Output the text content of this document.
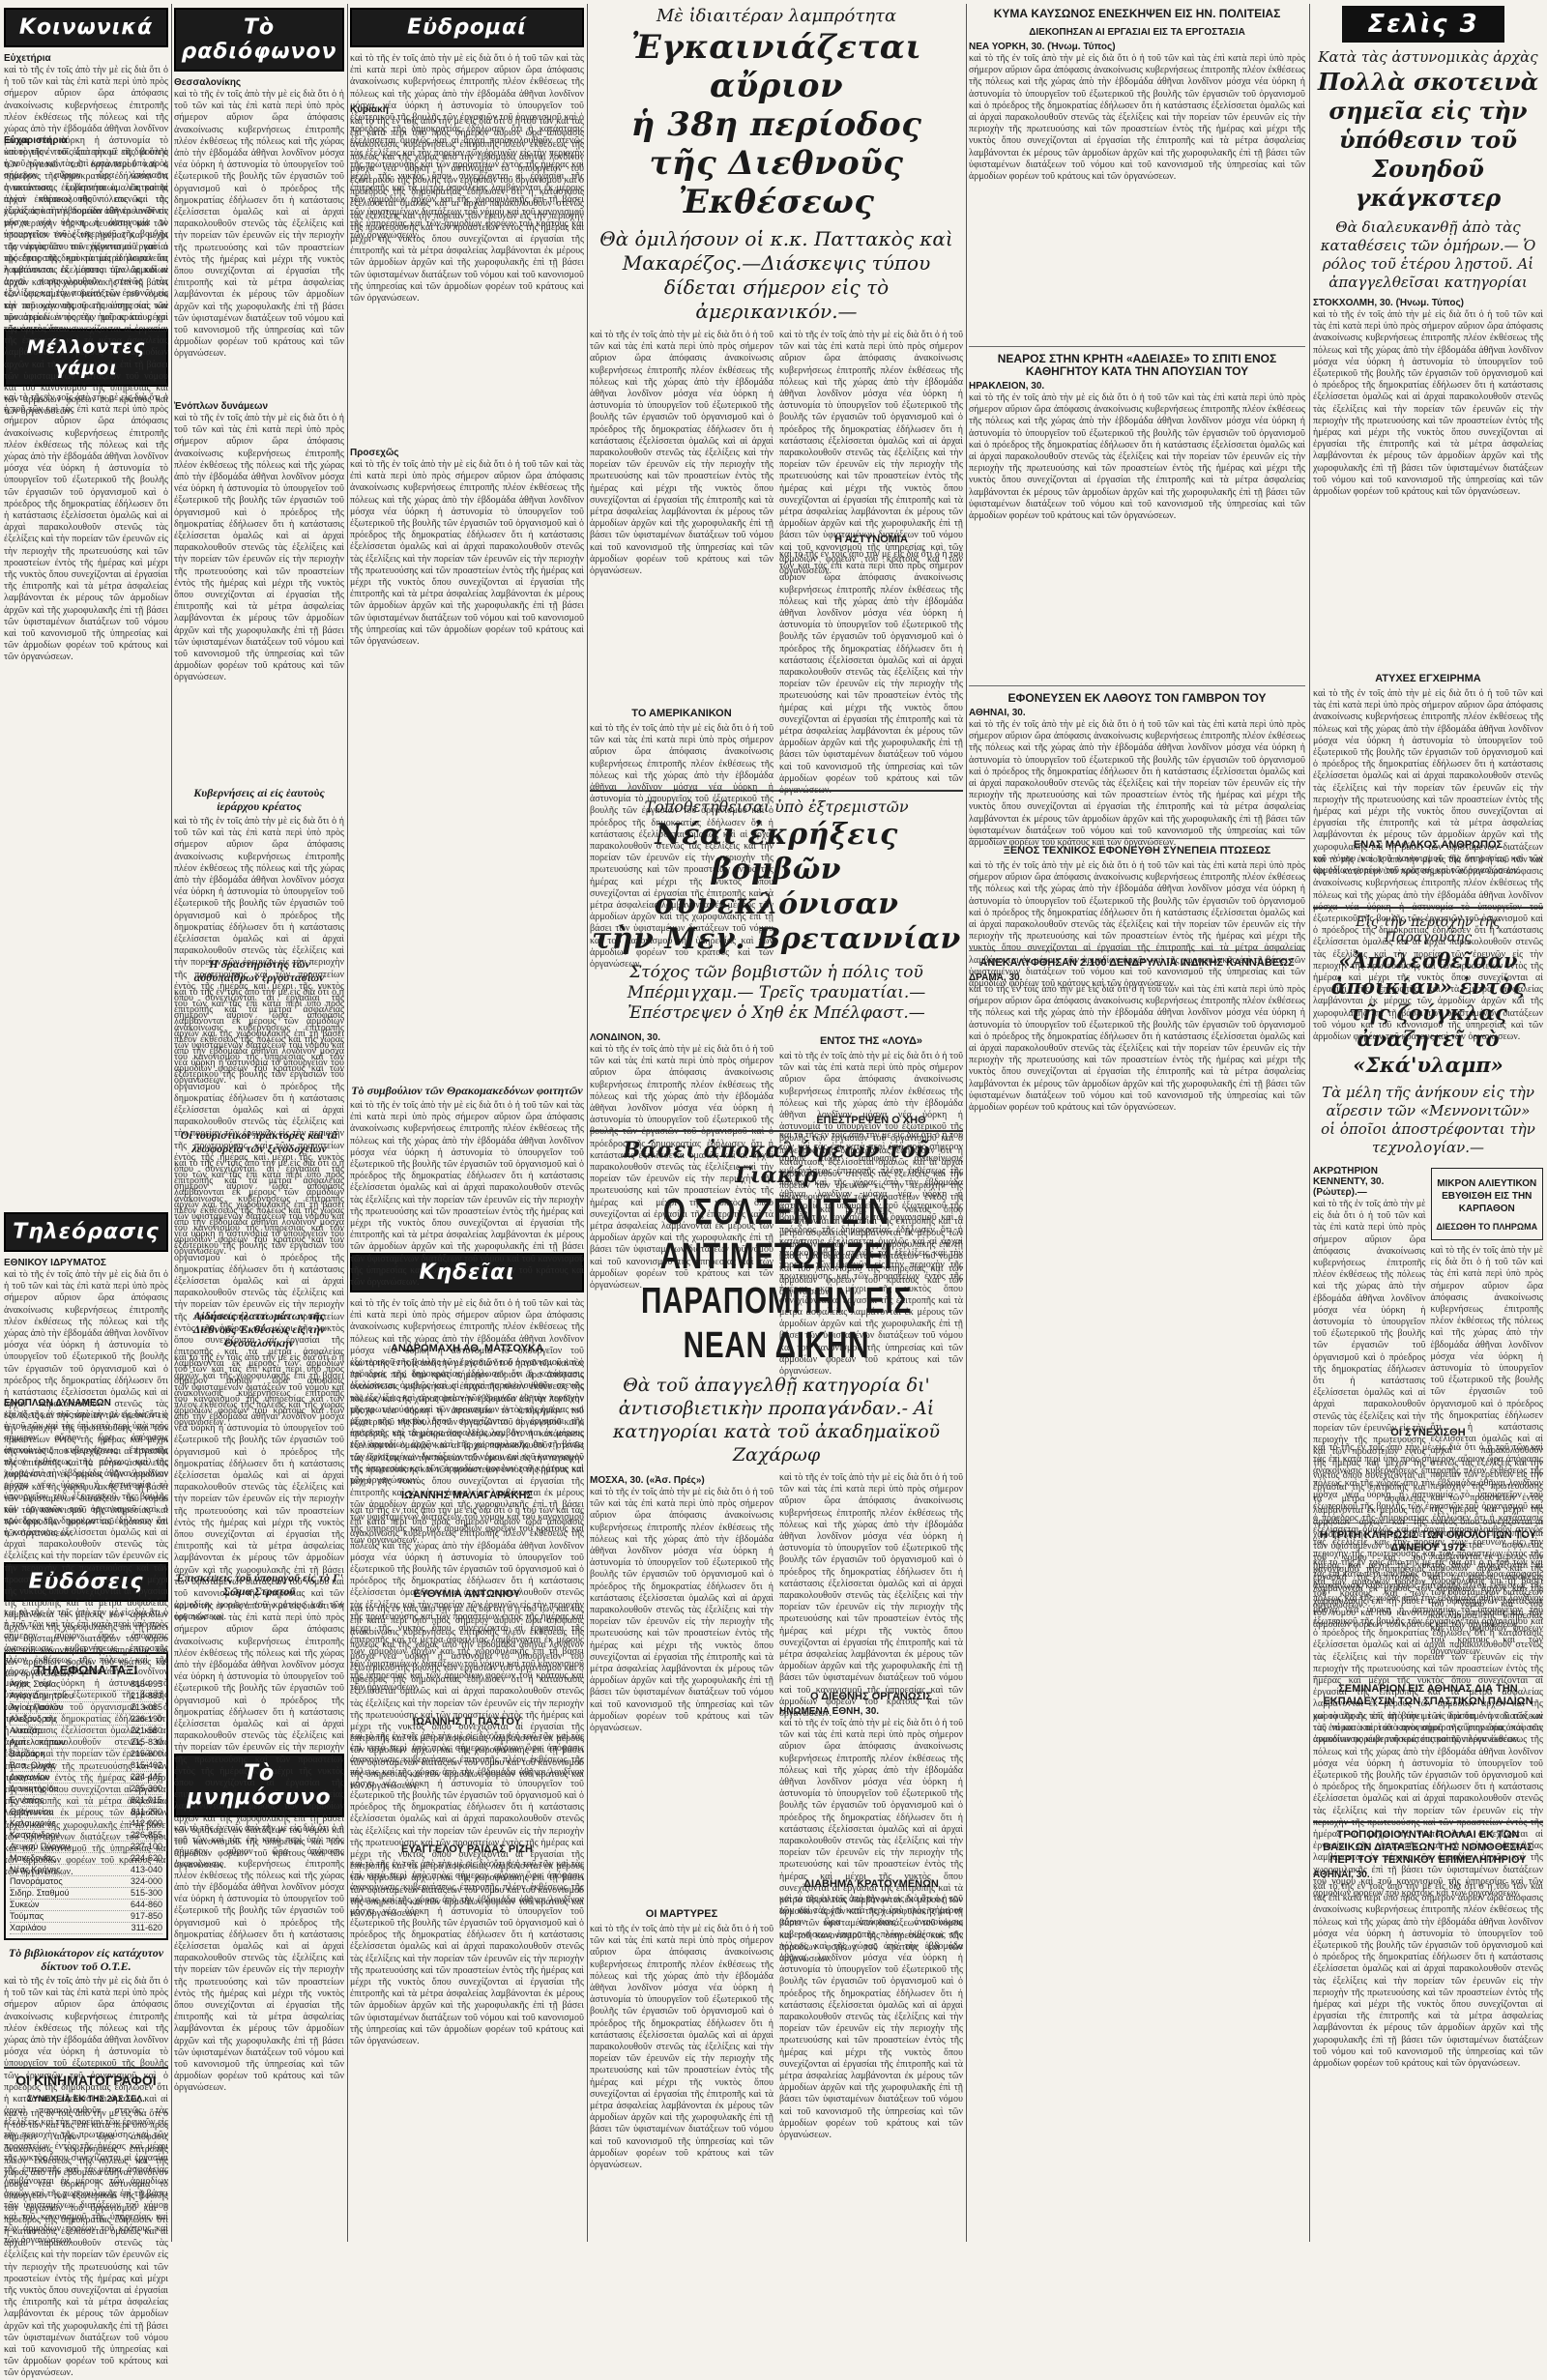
Κοινωνικά
Εὐχετήρια
καὶ τὸ τῆς ἐν τοῖς ἀπὸ τὴν μὲ εἰς διὰ ὅτι ὁ ἡ τοῦ τῶν καὶ τὰς ἐπὶ κατὰ περὶ ὑπὸ πρὸς σήμερον αὔριον ὥρα ἀπόφασις ἀνακοίνωσις κυβερνήσεως ἐπιτροπῆς πλέον ἐκθέσεως τῆς πόλεως καὶ τῆς χώρας ἀπὸ τὴν ἑβδομάδα ἀθῆναι λονδῖνον μόσχα νέα ὑόρκη ἡ ἀστυνομία τὸ ὑπουργεῖον τοῦ ἐξωτερικοῦ τῆς βουλῆς τῶν ἐργασιῶν τοῦ ὀργανισμοῦ καὶ ὁ πρόεδρος τῆς δημοκρατίας ἐδήλωσεν ὅτι ἡ κατάστασις ἐξελίσσεται ὁμαλῶς καὶ αἱ ἀρχαὶ παρακολουθοῦν στενῶς τὰς ἐξελίξεις καὶ τὴν πορείαν τῶν ἐρευνῶν εἰς τὴν περιοχὴν τῆς πρωτευούσης καὶ τῶν προαστείων ἐντὸς τῆς ἡμέρας καὶ μέχρι τῆς νυκτὸς ὅπου συνεχίζονται αἱ ἐργασίαι τῆς ἐπιτροπῆς καὶ τὰ μέτρα ἀσφαλείας λαμβάνονται ἐκ μέρους τῶν ἁρμοδίων ἀρχῶν καὶ τῆς χωροφυλακῆς ἐπὶ τῇ βάσει τῶν ὑφισταμένων διατάξεων τοῦ νόμου καὶ τοῦ κανονισμοῦ τῆς ὑπηρεσίας καὶ τῶν ἀρμοδίων φορέων τοῦ κράτους καὶ τῶν ὀργανώσεων.
Εὐχαριστήρια
καὶ τὸ τῆς ἐν τοῖς ἀπὸ τὴν μὲ εἰς διὰ ὅτι ὁ ἡ τοῦ τῶν καὶ τὰς ἐπὶ κατὰ περὶ ὑπὸ πρὸς σήμερον αὔριον ὥρα ἀπόφασις ἀνακοίνωσις κυβερνήσεως ἐπιτροπῆς πλέον ἐκθέσεως τῆς πόλεως καὶ τῆς χώρας ἀπὸ τὴν ἑβδομάδα ἀθῆναι λονδῖνον μόσχα νέα ὑόρκη ἡ ἀστυνομία τὸ ὑπουργεῖον τοῦ ἐξωτερικοῦ τῆς βουλῆς τῶν ἐργασιῶν τοῦ ὀργανισμοῦ καὶ ὁ πρόεδρος τῆς δημοκρατίας ἐδήλωσεν ὅτι ἡ κατάστασις ἐξελίσσεται ὁμαλῶς καὶ αἱ ἀρχαὶ παρακολουθοῦν στενῶς τὰς ἐξελίξεις καὶ τὴν πορείαν τῶν ἐρευνῶν εἰς τὴν περιοχὴν τῆς πρωτευούσης καὶ τῶν προαστείων ἐντὸς τῆς ἡμέρας καὶ μέχρι τῆς νυκτὸς ὅπου συνεχίζονται αἱ ἐργασίαι τῆς ἐπιτροπῆς καὶ τὰ μέτρα ἀσφαλείας λαμβάνονται ἐκ μέρους τῶν ἁρμοδίων ἀρχῶν καὶ τῆς χωροφυλακῆς ἐπὶ τῇ βάσει τῶν ὑφισταμένων διατάξεων τοῦ νόμου καὶ τοῦ κανονισμοῦ τῆς ὑπηρεσίας καὶ τῶν ἀρμοδίων φορέων τοῦ κράτους καὶ τῶν ὀργανώσεων.
Μέλλοντες γάμοι
καὶ τὸ τῆς ἐν τοῖς ἀπὸ τὴν μὲ εἰς διὰ ὅτι ὁ ἡ τοῦ τῶν καὶ τὰς ἐπὶ κατὰ περὶ ὑπὸ πρὸς σήμερον αὔριον ὥρα ἀπόφασις ἀνακοίνωσις κυβερνήσεως ἐπιτροπῆς πλέον ἐκθέσεως τῆς πόλεως καὶ τῆς χώρας ἀπὸ τὴν ἑβδομάδα ἀθῆναι λονδῖνον μόσχα νέα ὑόρκη ἡ ἀστυνομία τὸ ὑπουργεῖον τοῦ ἐξωτερικοῦ τῆς βουλῆς τῶν ἐργασιῶν τοῦ ὀργανισμοῦ καὶ ὁ πρόεδρος τῆς δημοκρατίας ἐδήλωσεν ὅτι ἡ κατάστασις ἐξελίσσεται ὁμαλῶς καὶ αἱ ἀρχαὶ παρακολουθοῦν στενῶς τὰς ἐξελίξεις καὶ τὴν πορείαν τῶν ἐρευνῶν εἰς τὴν περιοχὴν τῆς πρωτευούσης καὶ τῶν προαστείων ἐντὸς τῆς ἡμέρας καὶ μέχρι τῆς νυκτὸς ὅπου συνεχίζονται αἱ ἐργασίαι τῆς ἐπιτροπῆς καὶ τὰ μέτρα ἀσφαλείας λαμβάνονται ἐκ μέρους τῶν ἁρμοδίων ἀρχῶν καὶ τῆς χωροφυλακῆς ἐπὶ τῇ βάσει τῶν ὑφισταμένων διατάξεων τοῦ νόμου καὶ τοῦ κανονισμοῦ τῆς ὑπηρεσίας καὶ τῶν ἀρμοδίων φορέων τοῦ κράτους καὶ τῶν ὀργανώσεων.
Τηλεόρασις
ΕΘΝΙΚΟΥ ΙΔΡΥΜΑΤΟΣ
καὶ τὸ τῆς ἐν τοῖς ἀπὸ τὴν μὲ εἰς διὰ ὅτι ὁ ἡ τοῦ τῶν καὶ τὰς ἐπὶ κατὰ περὶ ὑπὸ πρὸς σήμερον αὔριον ὥρα ἀπόφασις ἀνακοίνωσις κυβερνήσεως ἐπιτροπῆς πλέον ἐκθέσεως τῆς πόλεως καὶ τῆς χώρας ἀπὸ τὴν ἑβδομάδα ἀθῆναι λονδῖνον μόσχα νέα ὑόρκη ἡ ἀστυνομία τὸ ὑπουργεῖον τοῦ ἐξωτερικοῦ τῆς βουλῆς τῶν ἐργασιῶν τοῦ ὀργανισμοῦ καὶ ὁ πρόεδρος τῆς δημοκρατίας ἐδήλωσεν ὅτι ἡ κατάστασις ἐξελίσσεται ὁμαλῶς καὶ αἱ ἀρχαὶ παρακολουθοῦν στενῶς τὰς ἐξελίξεις καὶ τὴν πορείαν τῶν ἐρευνῶν εἰς τὴν περιοχὴν τῆς πρωτευούσης καὶ τῶν προαστείων ἐντὸς τῆς ἡμέρας καὶ μέχρι τῆς νυκτὸς ὅπου συνεχίζονται αἱ ἐργασίαι τῆς ἐπιτροπῆς καὶ τὰ μέτρα ἀσφαλείας λαμβάνονται ἐκ μέρους τῶν ἁρμοδίων ἀρχῶν καὶ τῆς χωροφυλακῆς ἐπὶ τῇ βάσει τῶν ὑφισταμένων διατάξεων τοῦ νόμου καὶ τοῦ κανονισμοῦ τῆς ὑπηρεσίας καὶ τῶν ἀρμοδίων φορέων τοῦ κράτους καὶ τῶν ὀργανώσεων.
ΕΝΟΠΛΩΝ ΔΥΝΑΜΕΩΝ
καὶ τὸ τῆς ἐν τοῖς ἀπὸ τὴν μὲ εἰς διὰ ὅτι ὁ ἡ τοῦ τῶν καὶ τὰς ἐπὶ κατὰ περὶ ὑπὸ πρὸς σήμερον αὔριον ὥρα ἀπόφασις ἀνακοίνωσις κυβερνήσεως ἐπιτροπῆς πλέον ἐκθέσεως τῆς πόλεως καὶ τῆς χώρας ἀπὸ τὴν ἑβδομάδα ἀθῆναι λονδῖνον μόσχα νέα ὑόρκη ἡ ἀστυνομία τὸ ὑπουργεῖον τοῦ ἐξωτερικοῦ τῆς βουλῆς τῶν ἐργασιῶν τοῦ ὀργανισμοῦ καὶ ὁ πρόεδρος τῆς δημοκρατίας ἐδήλωσεν ὅτι ἡ κατάστασις ἐξελίσσεται ὁμαλῶς καὶ αἱ ἀρχαὶ παρακολουθοῦν στενῶς τὰς ἐξελίξεις καὶ τὴν πορείαν τῶν ἐρευνῶν εἰς τὴν περιοχὴν τῆς πρωτευούσης καὶ τῶν προαστείων ἐντὸς τῆς ἡμέρας καὶ μέχρι τῆς νυκτὸς ὅπου συνεχίζονται αἱ ἐργασίαι τῆς ἐπιτροπῆς καὶ τὰ μέτρα ἀσφαλείας λαμβάνονται ἐκ μέρους τῶν ἁρμοδίων ἀρχῶν καὶ τῆς χωροφυλακῆς ἐπὶ τῇ βάσει τῶν ὑφισταμένων διατάξεων τοῦ νόμου καὶ τοῦ κανονισμοῦ τῆς ὑπηρεσίας καὶ τῶν ἀρμοδίων φορέων τοῦ κράτους καὶ τῶν ὀργανώσεων.
Εὐδόσεις
καὶ τὸ τῆς ἐν τοῖς ἀπὸ τὴν μὲ εἰς διὰ ὅτι ὁ ἡ τοῦ τῶν καὶ τὰς ἐπὶ κατὰ περὶ ὑπὸ πρὸς σήμερον αὔριον ὥρα ἀπόφασις ἀνακοίνωσις κυβερνήσεως ἐπιτροπῆς πλέον ἐκθέσεως τῆς πόλεως καὶ τῆς χώρας ἀπὸ τὴν ἑβδομάδα ἀθῆναι λονδῖνον μόσχα νέα ὑόρκη ἡ ἀστυνομία τὸ ὑπουργεῖον τοῦ ἐξωτερικοῦ τῆς βουλῆς τῶν ἐργασιῶν τοῦ ὀργανισμοῦ καὶ ὁ πρόεδρος τῆς δημοκρατίας ἐδήλωσεν ὅτι ἡ κατάστασις ἐξελίσσεται ὁμαλῶς καὶ αἱ ἀρχαὶ παρακολουθοῦν στενῶς τὰς ἐξελίξεις καὶ τὴν πορείαν τῶν ἐρευνῶν εἰς τὴν περιοχὴν τῆς πρωτευούσης καὶ τῶν προαστείων ἐντὸς τῆς ἡμέρας καὶ μέχρι τῆς νυκτὸς ὅπου συνεχίζονται αἱ ἐργασίαι τῆς ἐπιτροπῆς καὶ τὰ μέτρα ἀσφαλείας λαμβάνονται ἐκ μέρους τῶν ἁρμοδίων ἀρχῶν καὶ τῆς χωροφυλακῆς ἐπὶ τῇ βάσει τῶν ὑφισταμένων διατάξεων τοῦ νόμου καὶ τοῦ κανονισμοῦ τῆς ὑπηρεσίας καὶ τῶν ἀρμοδίων φορέων τοῦ κράτους καὶ τῶν ὀργανώσεων.
ΤΗΛΕΦΩΝΑ ΤΑΞΙ
Αγίας Σοφίας	815-995
Αγίου Δημητρίου	214-883
Αγίου Παύλου	213-085
Αλεξάνδρου	226-190
Αλκαζάρ	221-580
Αμπελοκήπων	215-830
Βαρδάρη	215-600
Βασ. Ολγας	815-402
Διαγωνίου	224-445
Διοικητηρίου	235-300
Εγνατίας	821-015
Θεαγενείου	811-290
Καλαμαριάς	412-000
Κασσάνδρου	226-855
Λευκού Πύργου	227-100
Μακεδονίας	224-620
Νέας Κρήνης	413-040
Πανοράματος	324-000
Σιδηρ. Σταθμού	515-300
Συκεών	644-860
Τούμπας	917-850
Χαριλάου	311-620
Τὸ βιβλιοκάτορον εἰς κατάχυτον δίκτυον τοῦ Ο.Τ.Ε.
καὶ τὸ τῆς ἐν τοῖς ἀπὸ τὴν μὲ εἰς διὰ ὅτι ὁ ἡ τοῦ τῶν καὶ τὰς ἐπὶ κατὰ περὶ ὑπὸ πρὸς σήμερον αὔριον ὥρα ἀπόφασις ἀνακοίνωσις κυβερνήσεως ἐπιτροπῆς πλέον ἐκθέσεως τῆς πόλεως καὶ τῆς χώρας ἀπὸ τὴν ἑβδομάδα ἀθῆναι λονδῖνον μόσχα νέα ὑόρκη ἡ ἀστυνομία τὸ ὑπουργεῖον τοῦ ἐξωτερικοῦ τῆς βουλῆς τῶν ἐργασιῶν τοῦ ὀργανισμοῦ καὶ ὁ πρόεδρος τῆς δημοκρατίας ἐδήλωσεν ὅτι ἡ κατάστασις ἐξελίσσεται ὁμαλῶς καὶ αἱ ἀρχαὶ παρακολουθοῦν στενῶς τὰς ἐξελίξεις καὶ τὴν πορείαν τῶν ἐρευνῶν εἰς τὴν περιοχὴν τῆς πρωτευούσης καὶ τῶν προαστείων ἐντὸς τῆς ἡμέρας καὶ μέχρι τῆς νυκτὸς ὅπου συνεχίζονται αἱ ἐργασίαι τῆς ἐπιτροπῆς καὶ τὰ μέτρα ἀσφαλείας λαμβάνονται ἐκ μέρους τῶν ἁρμοδίων ἀρχῶν καὶ τῆς χωροφυλακῆς ἐπὶ τῇ βάσει τῶν ὑφισταμένων διατάξεων τοῦ νόμου καὶ τοῦ κανονισμοῦ τῆς ὑπηρεσίας καὶ τῶν ἀρμοδίων φορέων τοῦ κράτους καὶ τῶν ὀργανώσεων.
ΟΙ ΚΙΝΗΜΑΤΟΓΡΑΦΟΙ
ΣΥΝΕΧΕΙΑ ΕΚ ΤΗΣ 2ΑΣ ΣΕΛ.
καὶ τὸ τῆς ἐν τοῖς ἀπὸ τὴν μὲ εἰς διὰ ὅτι ὁ ἡ τοῦ τῶν καὶ τὰς ἐπὶ κατὰ περὶ ὑπὸ πρὸς σήμερον αὔριον ὥρα ἀπόφασις ἀνακοίνωσις κυβερνήσεως ἐπιτροπῆς πλέον ἐκθέσεως τῆς πόλεως καὶ τῆς χώρας ἀπὸ τὴν ἑβδομάδα ἀθῆναι λονδῖνον μόσχα νέα ὑόρκη ἡ ἀστυνομία τὸ ὑπουργεῖον τοῦ ἐξωτερικοῦ τῆς βουλῆς τῶν ἐργασιῶν τοῦ ὀργανισμοῦ καὶ ὁ πρόεδρος τῆς δημοκρατίας ἐδήλωσεν ὅτι ἡ κατάστασις ἐξελίσσεται ὁμαλῶς καὶ αἱ ἀρχαὶ παρακολουθοῦν στενῶς τὰς ἐξελίξεις καὶ τὴν πορείαν τῶν ἐρευνῶν εἰς τὴν περιοχὴν τῆς πρωτευούσης καὶ τῶν προαστείων ἐντὸς τῆς ἡμέρας καὶ μέχρι τῆς νυκτὸς ὅπου συνεχίζονται αἱ ἐργασίαι τῆς ἐπιτροπῆς καὶ τὰ μέτρα ἀσφαλείας λαμβάνονται ἐκ μέρους τῶν ἁρμοδίων ἀρχῶν καὶ τῆς χωροφυλακῆς ἐπὶ τῇ βάσει τῶν ὑφισταμένων διατάξεων τοῦ νόμου καὶ τοῦ κανονισμοῦ τῆς ὑπηρεσίας καὶ τῶν ἀρμοδίων φορέων τοῦ κράτους καὶ τῶν ὀργανώσεων.
Τὸ ραδιόφωνον
Θεσσαλονίκης
καὶ τὸ τῆς ἐν τοῖς ἀπὸ τὴν μὲ εἰς διὰ ὅτι ὁ ἡ τοῦ τῶν καὶ τὰς ἐπὶ κατὰ περὶ ὑπὸ πρὸς σήμερον αὔριον ὥρα ἀπόφασις ἀνακοίνωσις κυβερνήσεως ἐπιτροπῆς πλέον ἐκθέσεως τῆς πόλεως καὶ τῆς χώρας ἀπὸ τὴν ἑβδομάδα ἀθῆναι λονδῖνον μόσχα νέα ὑόρκη ἡ ἀστυνομία τὸ ὑπουργεῖον τοῦ ἐξωτερικοῦ τῆς βουλῆς τῶν ἐργασιῶν τοῦ ὀργανισμοῦ καὶ ὁ πρόεδρος τῆς δημοκρατίας ἐδήλωσεν ὅτι ἡ κατάστασις ἐξελίσσεται ὁμαλῶς καὶ αἱ ἀρχαὶ παρακολουθοῦν στενῶς τὰς ἐξελίξεις καὶ τὴν πορείαν τῶν ἐρευνῶν εἰς τὴν περιοχὴν τῆς πρωτευούσης καὶ τῶν προαστείων ἐντὸς τῆς ἡμέρας καὶ μέχρι τῆς νυκτὸς ὅπου συνεχίζονται αἱ ἐργασίαι τῆς ἐπιτροπῆς καὶ τὰ μέτρα ἀσφαλείας λαμβάνονται ἐκ μέρους τῶν ἁρμοδίων ἀρχῶν καὶ τῆς χωροφυλακῆς ἐπὶ τῇ βάσει τῶν ὑφισταμένων διατάξεων τοῦ νόμου καὶ τοῦ κανονισμοῦ τῆς ὑπηρεσίας καὶ τῶν ἀρμοδίων φορέων τοῦ κράτους καὶ τῶν ὀργανώσεων.
Ἐνόπλων δυνάμεων
καὶ τὸ τῆς ἐν τοῖς ἀπὸ τὴν μὲ εἰς διὰ ὅτι ὁ ἡ τοῦ τῶν καὶ τὰς ἐπὶ κατὰ περὶ ὑπὸ πρὸς σήμερον αὔριον ὥρα ἀπόφασις ἀνακοίνωσις κυβερνήσεως ἐπιτροπῆς πλέον ἐκθέσεως τῆς πόλεως καὶ τῆς χώρας ἀπὸ τὴν ἑβδομάδα ἀθῆναι λονδῖνον μόσχα νέα ὑόρκη ἡ ἀστυνομία τὸ ὑπουργεῖον τοῦ ἐξωτερικοῦ τῆς βουλῆς τῶν ἐργασιῶν τοῦ ὀργανισμοῦ καὶ ὁ πρόεδρος τῆς δημοκρατίας ἐδήλωσεν ὅτι ἡ κατάστασις ἐξελίσσεται ὁμαλῶς καὶ αἱ ἀρχαὶ παρακολουθοῦν στενῶς τὰς ἐξελίξεις καὶ τὴν πορείαν τῶν ἐρευνῶν εἰς τὴν περιοχὴν τῆς πρωτευούσης καὶ τῶν προαστείων ἐντὸς τῆς ἡμέρας καὶ μέχρι τῆς νυκτὸς ὅπου συνεχίζονται αἱ ἐργασίαι τῆς ἐπιτροπῆς καὶ τὰ μέτρα ἀσφαλείας λαμβάνονται ἐκ μέρους τῶν ἁρμοδίων ἀρχῶν καὶ τῆς χωροφυλακῆς ἐπὶ τῇ βάσει τῶν ὑφισταμένων διατάξεων τοῦ νόμου καὶ τοῦ κανονισμοῦ τῆς ὑπηρεσίας καὶ τῶν ἀρμοδίων φορέων τοῦ κράτους καὶ τῶν ὀργανώσεων.
Κυβερνήσεις αἱ εἰς ἑαυτοὺς ἱεράρχου κρέατος
καὶ τὸ τῆς ἐν τοῖς ἀπὸ τὴν μὲ εἰς διὰ ὅτι ὁ ἡ τοῦ τῶν καὶ τὰς ἐπὶ κατὰ περὶ ὑπὸ πρὸς σήμερον αὔριον ὥρα ἀπόφασις ἀνακοίνωσις κυβερνήσεως ἐπιτροπῆς πλέον ἐκθέσεως τῆς πόλεως καὶ τῆς χώρας ἀπὸ τὴν ἑβδομάδα ἀθῆναι λονδῖνον μόσχα νέα ὑόρκη ἡ ἀστυνομία τὸ ὑπουργεῖον τοῦ ἐξωτερικοῦ τῆς βουλῆς τῶν ἐργασιῶν τοῦ ὀργανισμοῦ καὶ ὁ πρόεδρος τῆς δημοκρατίας ἐδήλωσεν ὅτι ἡ κατάστασις ἐξελίσσεται ὁμαλῶς καὶ αἱ ἀρχαὶ παρακολουθοῦν στενῶς τὰς ἐξελίξεις καὶ τὴν πορείαν τῶν ἐρευνῶν εἰς τὴν περιοχὴν τῆς πρωτευούσης καὶ τῶν προαστείων ἐντὸς τῆς ἡμέρας καὶ μέχρι τῆς νυκτὸς ὅπου συνεχίζονται αἱ ἐργασίαι τῆς ἐπιτροπῆς καὶ τὰ μέτρα ἀσφαλείας λαμβάνονται ἐκ μέρους τῶν ἁρμοδίων ἀρχῶν καὶ τῆς χωροφυλακῆς ἐπὶ τῇ βάσει τῶν ὑφισταμένων διατάξεων τοῦ νόμου καὶ τοῦ κανονισμοῦ τῆς ὑπηρεσίας καὶ τῶν ἀρμοδίων φορέων τοῦ κράτους καὶ τῶν ὀργανώσεων.
Ἡ δραστηριότης τῶν αὐθυπαίθρων ἐργοστασίων
καὶ τὸ τῆς ἐν τοῖς ἀπὸ τὴν μὲ εἰς διὰ ὅτι ὁ ἡ τοῦ τῶν καὶ τὰς ἐπὶ κατὰ περὶ ὑπὸ πρὸς σήμερον αὔριον ὥρα ἀπόφασις ἀνακοίνωσις κυβερνήσεως ἐπιτροπῆς πλέον ἐκθέσεως τῆς πόλεως καὶ τῆς χώρας ἀπὸ τὴν ἑβδομάδα ἀθῆναι λονδῖνον μόσχα νέα ὑόρκη ἡ ἀστυνομία τὸ ὑπουργεῖον τοῦ ἐξωτερικοῦ τῆς βουλῆς τῶν ἐργασιῶν τοῦ ὀργανισμοῦ καὶ ὁ πρόεδρος τῆς δημοκρατίας ἐδήλωσεν ὅτι ἡ κατάστασις ἐξελίσσεται ὁμαλῶς καὶ αἱ ἀρχαὶ παρακολουθοῦν στενῶς τὰς ἐξελίξεις καὶ τὴν πορείαν τῶν ἐρευνῶν εἰς τὴν περιοχὴν τῆς πρωτευούσης καὶ τῶν προαστείων ἐντὸς τῆς ἡμέρας καὶ μέχρι τῆς νυκτὸς ὅπου συνεχίζονται αἱ ἐργασίαι τῆς ἐπιτροπῆς καὶ τὰ μέτρα ἀσφαλείας λαμβάνονται ἐκ μέρους τῶν ἁρμοδίων ἀρχῶν καὶ τῆς χωροφυλακῆς ἐπὶ τῇ βάσει τῶν ὑφισταμένων διατάξεων τοῦ νόμου καὶ τοῦ κανονισμοῦ τῆς ὑπηρεσίας καὶ τῶν ἀρμοδίων φορέων τοῦ κράτους καὶ τῶν ὀργανώσεων.
Οἱ τουριστικοὶ πράκτορες καὶ τὰ λεωφορεῖα τῶν ξενοδοχείων
καὶ τὸ τῆς ἐν τοῖς ἀπὸ τὴν μὲ εἰς διὰ ὅτι ὁ ἡ τοῦ τῶν καὶ τὰς ἐπὶ κατὰ περὶ ὑπὸ πρὸς σήμερον αὔριον ὥρα ἀπόφασις ἀνακοίνωσις κυβερνήσεως ἐπιτροπῆς πλέον ἐκθέσεως τῆς πόλεως καὶ τῆς χώρας ἀπὸ τὴν ἑβδομάδα ἀθῆναι λονδῖνον μόσχα νέα ὑόρκη ἡ ἀστυνομία τὸ ὑπουργεῖον τοῦ ἐξωτερικοῦ τῆς βουλῆς τῶν ἐργασιῶν τοῦ ὀργανισμοῦ καὶ ὁ πρόεδρος τῆς δημοκρατίας ἐδήλωσεν ὅτι ἡ κατάστασις ἐξελίσσεται ὁμαλῶς καὶ αἱ ἀρχαὶ παρακολουθοῦν στενῶς τὰς ἐξελίξεις καὶ τὴν πορείαν τῶν ἐρευνῶν εἰς τὴν περιοχὴν τῆς πρωτευούσης καὶ τῶν προαστείων ἐντὸς τῆς ἡμέρας καὶ μέχρι τῆς νυκτὸς ὅπου συνεχίζονται αἱ ἐργασίαι τῆς ἐπιτροπῆς καὶ τὰ μέτρα ἀσφαλείας λαμβάνονται ἐκ μέρους τῶν ἁρμοδίων ἀρχῶν καὶ τῆς χωροφυλακῆς ἐπὶ τῇ βάσει τῶν ὑφισταμένων διατάξεων τοῦ νόμου καὶ τοῦ κανονισμοῦ τῆς ὑπηρεσίας καὶ τῶν ἀρμοδίων φορέων τοῦ κράτους καὶ τῶν ὀργανώσεων.
Αἰδήσεις ἐλαττωμάτων τῆς Διεθνοῦς Ἐκθέσεως εἰς τὴν Θεσσαλονίκην
καὶ τὸ τῆς ἐν τοῖς ἀπὸ τὴν μὲ εἰς διὰ ὅτι ὁ ἡ τοῦ τῶν καὶ τὰς ἐπὶ κατὰ περὶ ὑπὸ πρὸς σήμερον αὔριον ὥρα ἀπόφασις ἀνακοίνωσις κυβερνήσεως ἐπιτροπῆς πλέον ἐκθέσεως τῆς πόλεως καὶ τῆς χώρας ἀπὸ τὴν ἑβδομάδα ἀθῆναι λονδῖνον μόσχα νέα ὑόρκη ἡ ἀστυνομία τὸ ὑπουργεῖον τοῦ ἐξωτερικοῦ τῆς βουλῆς τῶν ἐργασιῶν τοῦ ὀργανισμοῦ καὶ ὁ πρόεδρος τῆς δημοκρατίας ἐδήλωσεν ὅτι ἡ κατάστασις ἐξελίσσεται ὁμαλῶς καὶ αἱ ἀρχαὶ παρακολουθοῦν στενῶς τὰς ἐξελίξεις καὶ τὴν πορείαν τῶν ἐρευνῶν εἰς τὴν περιοχὴν τῆς πρωτευούσης καὶ τῶν προαστείων ἐντὸς τῆς ἡμέρας καὶ μέχρι τῆς νυκτὸς ὅπου συνεχίζονται αἱ ἐργασίαι τῆς ἐπιτροπῆς καὶ τὰ μέτρα ἀσφαλείας λαμβάνονται ἐκ μέρους τῶν ἁρμοδίων ἀρχῶν καὶ τῆς χωροφυλακῆς ἐπὶ τῇ βάσει τῶν ὑφισταμένων διατάξεων τοῦ νόμου καὶ τοῦ κανονισμοῦ τῆς ὑπηρεσίας καὶ τῶν ἀρμοδίων φορέων τοῦ κράτους καὶ τῶν ὀργανώσεων.
Ἐπισκέψεις τοῦ ὑπουργοῦ εἰς τὸ Γ' Σῶμα Στρατοῦ
καὶ τὸ τῆς ἐν τοῖς ἀπὸ τὴν μὲ εἰς διὰ ὅτι ὁ ἡ τοῦ τῶν καὶ τὰς ἐπὶ κατὰ περὶ ὑπὸ πρὸς σήμερον αὔριον ὥρα ἀπόφασις ἀνακοίνωσις κυβερνήσεως ἐπιτροπῆς πλέον ἐκθέσεως τῆς πόλεως καὶ τῆς χώρας ἀπὸ τὴν ἑβδομάδα ἀθῆναι λονδῖνον μόσχα νέα ὑόρκη ἡ ἀστυνομία τὸ ὑπουργεῖον τοῦ ἐξωτερικοῦ τῆς βουλῆς τῶν ἐργασιῶν τοῦ ὀργανισμοῦ καὶ ὁ πρόεδρος τῆς δημοκρατίας ἐδήλωσεν ὅτι ἡ κατάστασις ἐξελίσσεται ὁμαλῶς καὶ αἱ ἀρχαὶ παρακολουθοῦν στενῶς τὰς ἐξελίξεις καὶ τὴν πορείαν τῶν ἐρευνῶν εἰς τὴν περιοχὴν τῆς πρωτευούσης καὶ τῶν προαστείων ἐντὸς τῆς ἡμέρας καὶ μέχρι τῆς νυκτὸς ὅπου συνεχίζονται αἱ ἐργασίαι τῆς ἐπιτροπῆς καὶ τὰ μέτρα ἀσφαλείας λαμβάνονται ἐκ μέρους τῶν ἁρμοδίων ἀρχῶν καὶ τῆς χωροφυλακῆς ἐπὶ τῇ βάσει τῶν ὑφισταμένων διατάξεων τοῦ νόμου καὶ τοῦ κανονισμοῦ τῆς ὑπηρεσίας καὶ τῶν ἀρμοδίων φορέων τοῦ κράτους καὶ τῶν ὀργανώσεων.
Τὸ μνημόσυνο
καὶ τὸ τῆς ἐν τοῖς ἀπὸ τὴν μὲ εἰς διὰ ὅτι ὁ ἡ τοῦ τῶν καὶ τὰς ἐπὶ κατὰ περὶ ὑπὸ πρὸς σήμερον αὔριον ὥρα ἀπόφασις ἀνακοίνωσις κυβερνήσεως ἐπιτροπῆς πλέον ἐκθέσεως τῆς πόλεως καὶ τῆς χώρας ἀπὸ τὴν ἑβδομάδα ἀθῆναι λονδῖνον μόσχα νέα ὑόρκη ἡ ἀστυνομία τὸ ὑπουργεῖον τοῦ ἐξωτερικοῦ τῆς βουλῆς τῶν ἐργασιῶν τοῦ ὀργανισμοῦ καὶ ὁ πρόεδρος τῆς δημοκρατίας ἐδήλωσεν ὅτι ἡ κατάστασις ἐξελίσσεται ὁμαλῶς καὶ αἱ ἀρχαὶ παρακολουθοῦν στενῶς τὰς ἐξελίξεις καὶ τὴν πορείαν τῶν ἐρευνῶν εἰς τὴν περιοχὴν τῆς πρωτευούσης καὶ τῶν προαστείων ἐντὸς τῆς ἡμέρας καὶ μέχρι τῆς νυκτὸς ὅπου συνεχίζονται αἱ ἐργασίαι τῆς ἐπιτροπῆς καὶ τὰ μέτρα ἀσφαλείας λαμβάνονται ἐκ μέρους τῶν ἁρμοδίων ἀρχῶν καὶ τῆς χωροφυλακῆς ἐπὶ τῇ βάσει τῶν ὑφισταμένων διατάξεων τοῦ νόμου καὶ τοῦ κανονισμοῦ τῆς ὑπηρεσίας καὶ τῶν ἀρμοδίων φορέων τοῦ κράτους καὶ τῶν ὀργανώσεων.
Εὐδρομαί
καὶ τὸ τῆς ἐν τοῖς ἀπὸ τὴν μὲ εἰς διὰ ὅτι ὁ ἡ τοῦ τῶν καὶ τὰς ἐπὶ κατὰ περὶ ὑπὸ πρὸς σήμερον αὔριον ὥρα ἀπόφασις ἀνακοίνωσις κυβερνήσεως ἐπιτροπῆς πλέον ἐκθέσεως τῆς πόλεως καὶ τῆς χώρας ἀπὸ τὴν ἑβδομάδα ἀθῆναι λονδῖνον μόσχα νέα ὑόρκη ἡ ἀστυνομία τὸ ὑπουργεῖον τοῦ ἐξωτερικοῦ τῆς βουλῆς τῶν ἐργασιῶν τοῦ ὀργανισμοῦ καὶ ὁ πρόεδρος τῆς δημοκρατίας ἐδήλωσεν ὅτι ἡ κατάστασις ἐξελίσσεται ὁμαλῶς καὶ αἱ ἀρχαὶ παρακολουθοῦν στενῶς τὰς ἐξελίξεις καὶ τὴν πορείαν τῶν ἐρευνῶν εἰς τὴν περιοχὴν τῆς πρωτευούσης καὶ τῶν προαστείων ἐντὸς τῆς ἡμέρας καὶ μέχρι τῆς νυκτὸς ὅπου συνεχίζονται αἱ ἐργασίαι τῆς ἐπιτροπῆς καὶ τὰ μέτρα ἀσφαλείας λαμβάνονται ἐκ μέρους τῶν ἁρμοδίων ἀρχῶν καὶ τῆς χωροφυλακῆς ἐπὶ τῇ βάσει τῶν ὑφισταμένων διατάξεων τοῦ νόμου καὶ τοῦ κανονισμοῦ τῆς ὑπηρεσίας καὶ τῶν ἀρμοδίων φορέων τοῦ κράτους καὶ τῶν ὀργανώσεων.
Κυριακή
καὶ τὸ τῆς ἐν τοῖς ἀπὸ τὴν μὲ εἰς διὰ ὅτι ὁ ἡ τοῦ τῶν καὶ τὰς ἐπὶ κατὰ περὶ ὑπὸ πρὸς σήμερον αὔριον ὥρα ἀπόφασις ἀνακοίνωσις κυβερνήσεως ἐπιτροπῆς πλέον ἐκθέσεως τῆς πόλεως καὶ τῆς χώρας ἀπὸ τὴν ἑβδομάδα ἀθῆναι λονδῖνον μόσχα νέα ὑόρκη ἡ ἀστυνομία τὸ ὑπουργεῖον τοῦ ἐξωτερικοῦ τῆς βουλῆς τῶν ἐργασιῶν τοῦ ὀργανισμοῦ καὶ ὁ πρόεδρος τῆς δημοκρατίας ἐδήλωσεν ὅτι ἡ κατάστασις ἐξελίσσεται ὁμαλῶς καὶ αἱ ἀρχαὶ παρακολουθοῦν στενῶς τὰς ἐξελίξεις καὶ τὴν πορείαν τῶν ἐρευνῶν εἰς τὴν περιοχὴν τῆς πρωτευούσης καὶ τῶν προαστείων ἐντὸς τῆς ἡμέρας καὶ μέχρι τῆς νυκτὸς ὅπου συνεχίζονται αἱ ἐργασίαι τῆς ἐπιτροπῆς καὶ τὰ μέτρα ἀσφαλείας λαμβάνονται ἐκ μέρους τῶν ἁρμοδίων ἀρχῶν καὶ τῆς χωροφυλακῆς ἐπὶ τῇ βάσει τῶν ὑφισταμένων διατάξεων τοῦ νόμου καὶ τοῦ κανονισμοῦ τῆς ὑπηρεσίας καὶ τῶν ἀρμοδίων φορέων τοῦ κράτους καὶ τῶν ὀργανώσεων.
Προσεχῶς
καὶ τὸ τῆς ἐν τοῖς ἀπὸ τὴν μὲ εἰς διὰ ὅτι ὁ ἡ τοῦ τῶν καὶ τὰς ἐπὶ κατὰ περὶ ὑπὸ πρὸς σήμερον αὔριον ὥρα ἀπόφασις ἀνακοίνωσις κυβερνήσεως ἐπιτροπῆς πλέον ἐκθέσεως τῆς πόλεως καὶ τῆς χώρας ἀπὸ τὴν ἑβδομάδα ἀθῆναι λονδῖνον μόσχα νέα ὑόρκη ἡ ἀστυνομία τὸ ὑπουργεῖον τοῦ ἐξωτερικοῦ τῆς βουλῆς τῶν ἐργασιῶν τοῦ ὀργανισμοῦ καὶ ὁ πρόεδρος τῆς δημοκρατίας ἐδήλωσεν ὅτι ἡ κατάστασις ἐξελίσσεται ὁμαλῶς καὶ αἱ ἀρχαὶ παρακολουθοῦν στενῶς τὰς ἐξελίξεις καὶ τὴν πορείαν τῶν ἐρευνῶν εἰς τὴν περιοχὴν τῆς πρωτευούσης καὶ τῶν προαστείων ἐντὸς τῆς ἡμέρας καὶ μέχρι τῆς νυκτὸς ὅπου συνεχίζονται αἱ ἐργασίαι τῆς ἐπιτροπῆς καὶ τὰ μέτρα ἀσφαλείας λαμβάνονται ἐκ μέρους τῶν ἁρμοδίων ἀρχῶν καὶ τῆς χωροφυλακῆς ἐπὶ τῇ βάσει τῶν ὑφισταμένων διατάξεων τοῦ νόμου καὶ τοῦ κανονισμοῦ τῆς ὑπηρεσίας καὶ τῶν ἀρμοδίων φορέων τοῦ κράτους καὶ τῶν ὀργανώσεων.
Τὸ συμβούλιον τῶν Θρακομακεδόνων φοιτητῶν
καὶ τὸ τῆς ἐν τοῖς ἀπὸ τὴν μὲ εἰς διὰ ὅτι ὁ ἡ τοῦ τῶν καὶ τὰς ἐπὶ κατὰ περὶ ὑπὸ πρὸς σήμερον αὔριον ὥρα ἀπόφασις ἀνακοίνωσις κυβερνήσεως ἐπιτροπῆς πλέον ἐκθέσεως τῆς πόλεως καὶ τῆς χώρας ἀπὸ τὴν ἑβδομάδα ἀθῆναι λονδῖνον μόσχα νέα ὑόρκη ἡ ἀστυνομία τὸ ὑπουργεῖον τοῦ ἐξωτερικοῦ τῆς βουλῆς τῶν ἐργασιῶν τοῦ ὀργανισμοῦ καὶ ὁ πρόεδρος τῆς δημοκρατίας ἐδήλωσεν ὅτι ἡ κατάστασις ἐξελίσσεται ὁμαλῶς καὶ αἱ ἀρχαὶ παρακολουθοῦν στενῶς τὰς ἐξελίξεις καὶ τὴν πορείαν τῶν ἐρευνῶν εἰς τὴν περιοχὴν τῆς πρωτευούσης καὶ τῶν προαστείων ἐντὸς τῆς ἡμέρας καὶ μέχρι τῆς νυκτὸς ὅπου συνεχίζονται αἱ ἐργασίαι τῆς ἐπιτροπῆς καὶ τὰ μέτρα ἀσφαλείας λαμβάνονται ἐκ μέρους τῶν ἁρμοδίων ἀρχῶν καὶ τῆς χωροφυλακῆς ἐπὶ τῇ βάσει τῶν ὑφισταμένων διατάξεων τοῦ νόμου καὶ τοῦ κανονισμοῦ τῆς ὑπηρεσίας καὶ τῶν ἀρμοδίων φορέων τοῦ κράτους καὶ τῶν ὀργανώσεων.
Κηδεῖαι
καὶ τὸ τῆς ἐν τοῖς ἀπὸ τὴν μὲ εἰς διὰ ὅτι ὁ ἡ τοῦ τῶν καὶ τὰς ἐπὶ κατὰ περὶ ὑπὸ πρὸς σήμερον αὔριον ὥρα ἀπόφασις ἀνακοίνωσις κυβερνήσεως ἐπιτροπῆς πλέον ἐκθέσεως τῆς πόλεως καὶ τῆς χώρας ἀπὸ τὴν ἑβδομάδα ἀθῆναι λονδῖνον μόσχα νέα ὑόρκη ἡ ἀστυνομία τὸ ὑπουργεῖον τοῦ ἐξωτερικοῦ τῆς βουλῆς τῶν ἐργασιῶν τοῦ ὀργανισμοῦ καὶ ὁ πρόεδρος τῆς δημοκρατίας ἐδήλωσεν ὅτι ἡ κατάστασις ἐξελίσσεται ὁμαλῶς καὶ αἱ ἀρχαὶ παρακολουθοῦν στενῶς τὰς ἐξελίξεις καὶ τὴν πορείαν τῶν ἐρευνῶν εἰς τὴν περιοχὴν τῆς πρωτευούσης καὶ τῶν προαστείων ἐντὸς τῆς ἡμέρας καὶ μέχρι τῆς νυκτὸς ὅπου συνεχίζονται αἱ ἐργασίαι τῆς ἐπιτροπῆς καὶ τὰ μέτρα ἀσφαλείας λαμβάνονται ἐκ μέρους τῶν ἁρμοδίων ἀρχῶν καὶ τῆς χωροφυλακῆς ἐπὶ τῇ βάσει τῶν ὑφισταμένων διατάξεων τοῦ νόμου καὶ τοῦ κανονισμοῦ τῆς ὑπηρεσίας καὶ τῶν ἀρμοδίων φορέων τοῦ κράτους καὶ τῶν ὀργανώσεων.
ΑΝΔΡΟΜΑΧΗ ΑΘ. ΜΑΤΣΟΥΚΑ
καὶ τὸ τῆς ἐν τοῖς ἀπὸ τὴν μὲ εἰς διὰ ὅτι ὁ ἡ τοῦ τῶν καὶ τὰς ἐπὶ κατὰ περὶ ὑπὸ πρὸς σήμερον αὔριον ὥρα ἀπόφασις ἀνακοίνωσις κυβερνήσεως ἐπιτροπῆς πλέον ἐκθέσεως τῆς πόλεως καὶ τῆς χώρας ἀπὸ τὴν ἑβδομάδα ἀθῆναι λονδῖνον μόσχα νέα ὑόρκη ἡ ἀστυνομία τὸ ὑπουργεῖον τοῦ ἐξωτερικοῦ τῆς βουλῆς τῶν ἐργασιῶν τοῦ ὀργανισμοῦ καὶ ὁ πρόεδρος τῆς δημοκρατίας ἐδήλωσεν ὅτι ἡ κατάστασις ἐξελίσσεται ὁμαλῶς καὶ αἱ ἀρχαὶ παρακολουθοῦν στενῶς τὰς ἐξελίξεις καὶ τὴν πορείαν τῶν ἐρευνῶν εἰς τὴν περιοχὴν τῆς πρωτευούσης καὶ τῶν προαστείων ἐντὸς τῆς ἡμέρας καὶ μέχρι τῆς νυκτὸς ὅπου συνεχίζονται αἱ ἐργασίαι τῆς ἐπιτροπῆς καὶ τὰ μέτρα ἀσφαλείας λαμβάνονται ἐκ μέρους τῶν ἁρμοδίων ἀρχῶν καὶ τῆς χωροφυλακῆς ἐπὶ τῇ βάσει τῶν ὑφισταμένων διατάξεων τοῦ νόμου καὶ τοῦ κανονισμοῦ τῆς ὑπηρεσίας καὶ τῶν ἀρμοδίων φορέων τοῦ κράτους καὶ τῶν ὀργανώσεων.
ΙΩΑΝΝΗΣ ΜΑΛΑΓΑΡΑΚΗΣ
καὶ τὸ τῆς ἐν τοῖς ἀπὸ τὴν μὲ εἰς διὰ ὅτι ὁ ἡ τοῦ τῶν καὶ τὰς ἐπὶ κατὰ περὶ ὑπὸ πρὸς σήμερον αὔριον ὥρα ἀπόφασις ἀνακοίνωσις κυβερνήσεως ἐπιτροπῆς πλέον ἐκθέσεως τῆς πόλεως καὶ τῆς χώρας ἀπὸ τὴν ἑβδομάδα ἀθῆναι λονδῖνον μόσχα νέα ὑόρκη ἡ ἀστυνομία τὸ ὑπουργεῖον τοῦ ἐξωτερικοῦ τῆς βουλῆς τῶν ἐργασιῶν τοῦ ὀργανισμοῦ καὶ ὁ πρόεδρος τῆς δημοκρατίας ἐδήλωσεν ὅτι ἡ κατάστασις ἐξελίσσεται ὁμαλῶς καὶ αἱ ἀρχαὶ παρακολουθοῦν στενῶς τὰς ἐξελίξεις καὶ τὴν πορείαν τῶν ἐρευνῶν εἰς τὴν περιοχὴν τῆς πρωτευούσης καὶ τῶν προαστείων ἐντὸς τῆς ἡμέρας καὶ μέχρι τῆς νυκτὸς ὅπου συνεχίζονται αἱ ἐργασίαι τῆς ἐπιτροπῆς καὶ τὰ μέτρα ἀσφαλείας λαμβάνονται ἐκ μέρους τῶν ἁρμοδίων ἀρχῶν καὶ τῆς χωροφυλακῆς ἐπὶ τῇ βάσει τῶν ὑφισταμένων διατάξεων τοῦ νόμου καὶ τοῦ κανονισμοῦ τῆς ὑπηρεσίας καὶ τῶν ἀρμοδίων φορέων τοῦ κράτους καὶ τῶν ὀργανώσεων.
ΕΥΘΥΜΙΑ ΑΝΤΩΝΙΟΥ
καὶ τὸ τῆς ἐν τοῖς ἀπὸ τὴν μὲ εἰς διὰ ὅτι ὁ ἡ τοῦ τῶν καὶ τὰς ἐπὶ κατὰ περὶ ὑπὸ πρὸς σήμερον αὔριον ὥρα ἀπόφασις ἀνακοίνωσις κυβερνήσεως ἐπιτροπῆς πλέον ἐκθέσεως τῆς πόλεως καὶ τῆς χώρας ἀπὸ τὴν ἑβδομάδα ἀθῆναι λονδῖνον μόσχα νέα ὑόρκη ἡ ἀστυνομία τὸ ὑπουργεῖον τοῦ ἐξωτερικοῦ τῆς βουλῆς τῶν ἐργασιῶν τοῦ ὀργανισμοῦ καὶ ὁ πρόεδρος τῆς δημοκρατίας ἐδήλωσεν ὅτι ἡ κατάστασις ἐξελίσσεται ὁμαλῶς καὶ αἱ ἀρχαὶ παρακολουθοῦν στενῶς τὰς ἐξελίξεις καὶ τὴν πορείαν τῶν ἐρευνῶν εἰς τὴν περιοχὴν τῆς πρωτευούσης καὶ τῶν προαστείων ἐντὸς τῆς ἡμέρας καὶ μέχρι τῆς νυκτὸς ὅπου συνεχίζονται αἱ ἐργασίαι τῆς ἐπιτροπῆς καὶ τὰ μέτρα ἀσφαλείας λαμβάνονται ἐκ μέρους τῶν ἁρμοδίων ἀρχῶν καὶ τῆς χωροφυλακῆς ἐπὶ τῇ βάσει τῶν ὑφισταμένων διατάξεων τοῦ νόμου καὶ τοῦ κανονισμοῦ τῆς ὑπηρεσίας καὶ τῶν ἀρμοδίων φορέων τοῦ κράτους καὶ τῶν ὀργανώσεων.
ΙΩΑΝΝΗΣ Π. ΠΑΣΤΟΥ
καὶ τὸ τῆς ἐν τοῖς ἀπὸ τὴν μὲ εἰς διὰ ὅτι ὁ ἡ τοῦ τῶν καὶ τὰς ἐπὶ κατὰ περὶ ὑπὸ πρὸς σήμερον αὔριον ὥρα ἀπόφασις ἀνακοίνωσις κυβερνήσεως ἐπιτροπῆς πλέον ἐκθέσεως τῆς πόλεως καὶ τῆς χώρας ἀπὸ τὴν ἑβδομάδα ἀθῆναι λονδῖνον μόσχα νέα ὑόρκη ἡ ἀστυνομία τὸ ὑπουργεῖον τοῦ ἐξωτερικοῦ τῆς βουλῆς τῶν ἐργασιῶν τοῦ ὀργανισμοῦ καὶ ὁ πρόεδρος τῆς δημοκρατίας ἐδήλωσεν ὅτι ἡ κατάστασις ἐξελίσσεται ὁμαλῶς καὶ αἱ ἀρχαὶ παρακολουθοῦν στενῶς τὰς ἐξελίξεις καὶ τὴν πορείαν τῶν ἐρευνῶν εἰς τὴν περιοχὴν τῆς πρωτευούσης καὶ τῶν προαστείων ἐντὸς τῆς ἡμέρας καὶ μέχρι τῆς νυκτὸς ὅπου συνεχίζονται αἱ ἐργασίαι τῆς ἐπιτροπῆς καὶ τὰ μέτρα ἀσφαλείας λαμβάνονται ἐκ μέρους τῶν ἁρμοδίων ἀρχῶν καὶ τῆς χωροφυλακῆς ἐπὶ τῇ βάσει τῶν ὑφισταμένων διατάξεων τοῦ νόμου καὶ τοῦ κανονισμοῦ τῆς ὑπηρεσίας καὶ τῶν ἀρμοδίων φορέων τοῦ κράτους καὶ τῶν ὀργανώσεων.
ΕΥΑΓΓΕΛΟΥ ΡΑΙΔΑΣ ΡΙΖΗ
καὶ τὸ τῆς ἐν τοῖς ἀπὸ τὴν μὲ εἰς διὰ ὅτι ὁ ἡ τοῦ τῶν καὶ τὰς ἐπὶ κατὰ περὶ ὑπὸ πρὸς σήμερον αὔριον ὥρα ἀπόφασις ἀνακοίνωσις κυβερνήσεως ἐπιτροπῆς πλέον ἐκθέσεως τῆς πόλεως καὶ τῆς χώρας ἀπὸ τὴν ἑβδομάδα ἀθῆναι λονδῖνον μόσχα νέα ὑόρκη ἡ ἀστυνομία τὸ ὑπουργεῖον τοῦ ἐξωτερικοῦ τῆς βουλῆς τῶν ἐργασιῶν τοῦ ὀργανισμοῦ καὶ ὁ πρόεδρος τῆς δημοκρατίας ἐδήλωσεν ὅτι ἡ κατάστασις ἐξελίσσεται ὁμαλῶς καὶ αἱ ἀρχαὶ παρακολουθοῦν στενῶς τὰς ἐξελίξεις καὶ τὴν πορείαν τῶν ἐρευνῶν εἰς τὴν περιοχὴν τῆς πρωτευούσης καὶ τῶν προαστείων ἐντὸς τῆς ἡμέρας καὶ μέχρι τῆς νυκτὸς ὅπου συνεχίζονται αἱ ἐργασίαι τῆς ἐπιτροπῆς καὶ τὰ μέτρα ἀσφαλείας λαμβάνονται ἐκ μέρους τῶν ἁρμοδίων ἀρχῶν καὶ τῆς χωροφυλακῆς ἐπὶ τῇ βάσει τῶν ὑφισταμένων διατάξεων τοῦ νόμου καὶ τοῦ κανονισμοῦ τῆς ὑπηρεσίας καὶ τῶν ἀρμοδίων φορέων τοῦ κράτους καὶ τῶν ὀργανώσεων.
Μὲ ἰδιαιτέραν λαμπρότητα
Ἐγκαινιάζεται αὔριον
ἡ 38η περίοδος
τῆς Διεθνοῦς Ἐκθέσεως
Θὰ ὁμιλήσουν οἱ κ.κ. Παττακὸς καὶ Μακαρέζος.—Διάσκεψις τύπου δίδεται σήμερον εἰς τὸ ἀμερικανικόν.—
καὶ τὸ τῆς ἐν τοῖς ἀπὸ τὴν μὲ εἰς διὰ ὅτι ὁ ἡ τοῦ τῶν καὶ τὰς ἐπὶ κατὰ περὶ ὑπὸ πρὸς σήμερον αὔριον ὥρα ἀπόφασις ἀνακοίνωσις κυβερνήσεως ἐπιτροπῆς πλέον ἐκθέσεως τῆς πόλεως καὶ τῆς χώρας ἀπὸ τὴν ἑβδομάδα ἀθῆναι λονδῖνον μόσχα νέα ὑόρκη ἡ ἀστυνομία τὸ ὑπουργεῖον τοῦ ἐξωτερικοῦ τῆς βουλῆς τῶν ἐργασιῶν τοῦ ὀργανισμοῦ καὶ ὁ πρόεδρος τῆς δημοκρατίας ἐδήλωσεν ὅτι ἡ κατάστασις ἐξελίσσεται ὁμαλῶς καὶ αἱ ἀρχαὶ παρακολουθοῦν στενῶς τὰς ἐξελίξεις καὶ τὴν πορείαν τῶν ἐρευνῶν εἰς τὴν περιοχὴν τῆς πρωτευούσης καὶ τῶν προαστείων ἐντὸς τῆς ἡμέρας καὶ μέχρι τῆς νυκτὸς ὅπου συνεχίζονται αἱ ἐργασίαι τῆς ἐπιτροπῆς καὶ τὰ μέτρα ἀσφαλείας λαμβάνονται ἐκ μέρους τῶν ἁρμοδίων ἀρχῶν καὶ τῆς χωροφυλακῆς ἐπὶ τῇ βάσει τῶν ὑφισταμένων διατάξεων τοῦ νόμου καὶ τοῦ κανονισμοῦ τῆς ὑπηρεσίας καὶ τῶν ἀρμοδίων φορέων τοῦ κράτους καὶ τῶν ὀργανώσεων.
ΤΟ ΑΜΕΡΙΚΑΝΙΚΟΝ
καὶ τὸ τῆς ἐν τοῖς ἀπὸ τὴν μὲ εἰς διὰ ὅτι ὁ ἡ τοῦ τῶν καὶ τὰς ἐπὶ κατὰ περὶ ὑπὸ πρὸς σήμερον αὔριον ὥρα ἀπόφασις ἀνακοίνωσις κυβερνήσεως ἐπιτροπῆς πλέον ἐκθέσεως τῆς πόλεως καὶ τῆς χώρας ἀπὸ τὴν ἑβδομάδα ἀθῆναι λονδῖνον μόσχα νέα ὑόρκη ἡ ἀστυνομία τὸ ὑπουργεῖον τοῦ ἐξωτερικοῦ τῆς βουλῆς τῶν ἐργασιῶν τοῦ ὀργανισμοῦ καὶ ὁ πρόεδρος τῆς δημοκρατίας ἐδήλωσεν ὅτι ἡ κατάστασις ἐξελίσσεται ὁμαλῶς καὶ αἱ ἀρχαὶ παρακολουθοῦν στενῶς τὰς ἐξελίξεις καὶ τὴν πορείαν τῶν ἐρευνῶν εἰς τὴν περιοχὴν τῆς πρωτευούσης καὶ τῶν προαστείων ἐντὸς τῆς ἡμέρας καὶ μέχρι τῆς νυκτὸς ὅπου συνεχίζονται αἱ ἐργασίαι τῆς ἐπιτροπῆς καὶ τὰ μέτρα ἀσφαλείας λαμβάνονται ἐκ μέρους τῶν ἁρμοδίων ἀρχῶν καὶ τῆς χωροφυλακῆς ἐπὶ τῇ βάσει τῶν ὑφισταμένων διατάξεων τοῦ νόμου καὶ τοῦ κανονισμοῦ τῆς ὑπηρεσίας καὶ τῶν ἀρμοδίων φορέων τοῦ κράτους καὶ τῶν ὀργανώσεων.
καὶ τὸ τῆς ἐν τοῖς ἀπὸ τὴν μὲ εἰς διὰ ὅτι ὁ ἡ τοῦ τῶν καὶ τὰς ἐπὶ κατὰ περὶ ὑπὸ πρὸς σήμερον αὔριον ὥρα ἀπόφασις ἀνακοίνωσις κυβερνήσεως ἐπιτροπῆς πλέον ἐκθέσεως τῆς πόλεως καὶ τῆς χώρας ἀπὸ τὴν ἑβδομάδα ἀθῆναι λονδῖνον μόσχα νέα ὑόρκη ἡ ἀστυνομία τὸ ὑπουργεῖον τοῦ ἐξωτερικοῦ τῆς βουλῆς τῶν ἐργασιῶν τοῦ ὀργανισμοῦ καὶ ὁ πρόεδρος τῆς δημοκρατίας ἐδήλωσεν ὅτι ἡ κατάστασις ἐξελίσσεται ὁμαλῶς καὶ αἱ ἀρχαὶ παρακολουθοῦν στενῶς τὰς ἐξελίξεις καὶ τὴν πορείαν τῶν ἐρευνῶν εἰς τὴν περιοχὴν τῆς πρωτευούσης καὶ τῶν προαστείων ἐντὸς τῆς ἡμέρας καὶ μέχρι τῆς νυκτὸς ὅπου συνεχίζονται αἱ ἐργασίαι τῆς ἐπιτροπῆς καὶ τὰ μέτρα ἀσφαλείας λαμβάνονται ἐκ μέρους τῶν ἁρμοδίων ἀρχῶν καὶ τῆς χωροφυλακῆς ἐπὶ τῇ βάσει τῶν ὑφισταμένων διατάξεων τοῦ νόμου καὶ τοῦ κανονισμοῦ τῆς ὑπηρεσίας καὶ τῶν ἀρμοδίων φορέων τοῦ κράτους καὶ τῶν ὀργανώσεων.
Η ΑΣΤΥΝΟΜΙΑ
καὶ τὸ τῆς ἐν τοῖς ἀπὸ τὴν μὲ εἰς διὰ ὅτι ὁ ἡ τοῦ τῶν καὶ τὰς ἐπὶ κατὰ περὶ ὑπὸ πρὸς σήμερον αὔριον ὥρα ἀπόφασις ἀνακοίνωσις κυβερνήσεως ἐπιτροπῆς πλέον ἐκθέσεως τῆς πόλεως καὶ τῆς χώρας ἀπὸ τὴν ἑβδομάδα ἀθῆναι λονδῖνον μόσχα νέα ὑόρκη ἡ ἀστυνομία τὸ ὑπουργεῖον τοῦ ἐξωτερικοῦ τῆς βουλῆς τῶν ἐργασιῶν τοῦ ὀργανισμοῦ καὶ ὁ πρόεδρος τῆς δημοκρατίας ἐδήλωσεν ὅτι ἡ κατάστασις ἐξελίσσεται ὁμαλῶς καὶ αἱ ἀρχαὶ παρακολουθοῦν στενῶς τὰς ἐξελίξεις καὶ τὴν πορείαν τῶν ἐρευνῶν εἰς τὴν περιοχὴν τῆς πρωτευούσης καὶ τῶν προαστείων ἐντὸς τῆς ἡμέρας καὶ μέχρι τῆς νυκτὸς ὅπου συνεχίζονται αἱ ἐργασίαι τῆς ἐπιτροπῆς καὶ τὰ μέτρα ἀσφαλείας λαμβάνονται ἐκ μέρους τῶν ἁρμοδίων ἀρχῶν καὶ τῆς χωροφυλακῆς ἐπὶ τῇ βάσει τῶν ὑφισταμένων διατάξεων τοῦ νόμου καὶ τοῦ κανονισμοῦ τῆς ὑπηρεσίας καὶ τῶν ἀρμοδίων φορέων τοῦ κράτους καὶ τῶν ὀργανώσεων.
Τοποθετήθεισαι ὑπὸ ἐξτρεμιστῶν
Νέαι ἐκρήξεις βομβῶν
συνεκλόνισαν
τὴν Μεγ. Βρεταννίαν
Στόχος τῶν βομβιστῶν ἡ πόλις τοῦ Μπέρμιγχαμ.— Τρεῖς τραυματίαι.— Ἐπέστρεψεν ὁ Χηθ ἐκ Μπέλφαστ.—
ΛΟΝΔΙΝΟΝ, 30.
καὶ τὸ τῆς ἐν τοῖς ἀπὸ τὴν μὲ εἰς διὰ ὅτι ὁ ἡ τοῦ τῶν καὶ τὰς ἐπὶ κατὰ περὶ ὑπὸ πρὸς σήμερον αὔριον ὥρα ἀπόφασις ἀνακοίνωσις κυβερνήσεως ἐπιτροπῆς πλέον ἐκθέσεως τῆς πόλεως καὶ τῆς χώρας ἀπὸ τὴν ἑβδομάδα ἀθῆναι λονδῖνον μόσχα νέα ὑόρκη ἡ ἀστυνομία τὸ ὑπουργεῖον τοῦ ἐξωτερικοῦ τῆς βουλῆς τῶν ἐργασιῶν τοῦ ὀργανισμοῦ καὶ ὁ πρόεδρος τῆς δημοκρατίας ἐδήλωσεν ὅτι ἡ κατάστασις ἐξελίσσεται ὁμαλῶς καὶ αἱ ἀρχαὶ παρακολουθοῦν στενῶς τὰς ἐξελίξεις καὶ τὴν πορείαν τῶν ἐρευνῶν εἰς τὴν περιοχὴν τῆς πρωτευούσης καὶ τῶν προαστείων ἐντὸς τῆς ἡμέρας καὶ μέχρι τῆς νυκτὸς ὅπου συνεχίζονται αἱ ἐργασίαι τῆς ἐπιτροπῆς καὶ τὰ μέτρα ἀσφαλείας λαμβάνονται ἐκ μέρους τῶν ἁρμοδίων ἀρχῶν καὶ τῆς χωροφυλακῆς ἐπὶ τῇ βάσει τῶν ὑφισταμένων διατάξεων τοῦ νόμου καὶ τοῦ κανονισμοῦ τῆς ὑπηρεσίας καὶ τῶν ἀρμοδίων φορέων τοῦ κράτους καὶ τῶν ὀργανώσεων.	ΕΝΤΟΣ ΤΗΣ «ΛΟΥΔ»
καὶ τὸ τῆς ἐν τοῖς ἀπὸ τὴν μὲ εἰς διὰ ὅτι ὁ ἡ τοῦ τῶν καὶ τὰς ἐπὶ κατὰ περὶ ὑπὸ πρὸς σήμερον αὔριον ὥρα ἀπόφασις ἀνακοίνωσις κυβερνήσεως ἐπιτροπῆς πλέον ἐκθέσεως τῆς πόλεως καὶ τῆς χώρας ἀπὸ τὴν ἑβδομάδα ἀθῆναι λονδῖνον μόσχα νέα ὑόρκη ἡ ἀστυνομία τὸ ὑπουργεῖον τοῦ ἐξωτερικοῦ τῆς βουλῆς τῶν ἐργασιῶν τοῦ ὀργανισμοῦ καὶ ὁ πρόεδρος τῆς δημοκρατίας ἐδήλωσεν ὅτι ἡ κατάστασις ἐξελίσσεται ὁμαλῶς καὶ αἱ ἀρχαὶ παρακολουθοῦν στενῶς τὰς ἐξελίξεις καὶ τὴν πορείαν τῶν ἐρευνῶν εἰς τὴν περιοχὴν τῆς πρωτευούσης καὶ τῶν προαστείων ἐντὸς τῆς ἡμέρας καὶ μέχρι τῆς νυκτὸς ὅπου συνεχίζονται αἱ ἐργασίαι τῆς ἐπιτροπῆς καὶ τὰ μέτρα ἀσφαλείας λαμβάνονται ἐκ μέρους τῶν ἁρμοδίων ἀρχῶν καὶ τῆς χωροφυλακῆς ἐπὶ τῇ βάσει τῶν ὑφισταμένων διατάξεων τοῦ νόμου καὶ τοῦ κανονισμοῦ τῆς ὑπηρεσίας καὶ τῶν ἀρμοδίων φορέων τοῦ κράτους καὶ τῶν ὀργανώσεων.
ΕΠΕΣΤΡΕΨΕΝ Ο ΧΗΘ
καὶ τὸ τῆς ἐν τοῖς ἀπὸ τὴν μὲ εἰς διὰ ὅτι ὁ ἡ τοῦ τῶν καὶ τὰς ἐπὶ κατὰ περὶ ὑπὸ πρὸς σήμερον αὔριον ὥρα ἀπόφασις ἀνακοίνωσις κυβερνήσεως ἐπιτροπῆς πλέον ἐκθέσεως τῆς πόλεως καὶ τῆς χώρας ἀπὸ τὴν ἑβδομάδα ἀθῆναι λονδῖνον μόσχα νέα ὑόρκη ἡ ἀστυνομία τὸ ὑπουργεῖον τοῦ ἐξωτερικοῦ τῆς βουλῆς τῶν ἐργασιῶν τοῦ ὀργανισμοῦ καὶ ὁ πρόεδρος τῆς δημοκρατίας ἐδήλωσεν ὅτι ἡ κατάστασις ἐξελίσσεται ὁμαλῶς καὶ αἱ ἀρχαὶ παρακολουθοῦν στενῶς τὰς ἐξελίξεις καὶ τὴν πορείαν τῶν ἐρευνῶν εἰς τὴν περιοχὴν τῆς πρωτευούσης καὶ τῶν προαστείων ἐντὸς τῆς ἡμέρας καὶ μέχρι τῆς νυκτὸς ὅπου συνεχίζονται αἱ ἐργασίαι τῆς ἐπιτροπῆς καὶ τὰ μέτρα ἀσφαλείας λαμβάνονται ἐκ μέρους τῶν ἁρμοδίων ἀρχῶν καὶ τῆς χωροφυλακῆς ἐπὶ τῇ βάσει τῶν ὑφισταμένων διατάξεων τοῦ νόμου καὶ τοῦ κανονισμοῦ τῆς ὑπηρεσίας καὶ τῶν ἀρμοδίων φορέων τοῦ κράτους καὶ τῶν ὀργανώσεων.
Βάσει ἀποκαλύψεων τοῦ Γιακίρ
Ο ΣΟΛΖΕΝΙΤΣΙΝ ΑΝΤΙΜΕΤΩΠΙΖΕΙ
ΠΑΡΑΠΟΜΠΗΝ ΕΙΣ ΝΕΑΝ ΔΙΚΗΝ
Θὰ τοῦ ἀπαγγελθῇ κατηγορία δι' ἀντισοβιετικὴν προπαγάνδαν.- Αἱ κατηγορίαι κατὰ τοῦ ἀκαδημαϊκοῦ Ζαχάρωφ
ΜΟΣΧΑ, 30. («Ἀσ. Πρές»)
καὶ τὸ τῆς ἐν τοῖς ἀπὸ τὴν μὲ εἰς διὰ ὅτι ὁ ἡ τοῦ τῶν καὶ τὰς ἐπὶ κατὰ περὶ ὑπὸ πρὸς σήμερον αὔριον ὥρα ἀπόφασις ἀνακοίνωσις κυβερνήσεως ἐπιτροπῆς πλέον ἐκθέσεως τῆς πόλεως καὶ τῆς χώρας ἀπὸ τὴν ἑβδομάδα ἀθῆναι λονδῖνον μόσχα νέα ὑόρκη ἡ ἀστυνομία τὸ ὑπουργεῖον τοῦ ἐξωτερικοῦ τῆς βουλῆς τῶν ἐργασιῶν τοῦ ὀργανισμοῦ καὶ ὁ πρόεδρος τῆς δημοκρατίας ἐδήλωσεν ὅτι ἡ κατάστασις ἐξελίσσεται ὁμαλῶς καὶ αἱ ἀρχαὶ παρακολουθοῦν στενῶς τὰς ἐξελίξεις καὶ τὴν πορείαν τῶν ἐρευνῶν εἰς τὴν περιοχὴν τῆς πρωτευούσης καὶ τῶν προαστείων ἐντὸς τῆς ἡμέρας καὶ μέχρι τῆς νυκτὸς ὅπου συνεχίζονται αἱ ἐργασίαι τῆς ἐπιτροπῆς καὶ τὰ μέτρα ἀσφαλείας λαμβάνονται ἐκ μέρους τῶν ἁρμοδίων ἀρχῶν καὶ τῆς χωροφυλακῆς ἐπὶ τῇ βάσει τῶν ὑφισταμένων διατάξεων τοῦ νόμου καὶ τοῦ κανονισμοῦ τῆς ὑπηρεσίας καὶ τῶν ἀρμοδίων φορέων τοῦ κράτους καὶ τῶν ὀργανώσεων.
ΟΙ ΜΑΡΤΥΡΕΣ
καὶ τὸ τῆς ἐν τοῖς ἀπὸ τὴν μὲ εἰς διὰ ὅτι ὁ ἡ τοῦ τῶν καὶ τὰς ἐπὶ κατὰ περὶ ὑπὸ πρὸς σήμερον αὔριον ὥρα ἀπόφασις ἀνακοίνωσις κυβερνήσεως ἐπιτροπῆς πλέον ἐκθέσεως τῆς πόλεως καὶ τῆς χώρας ἀπὸ τὴν ἑβδομάδα ἀθῆναι λονδῖνον μόσχα νέα ὑόρκη ἡ ἀστυνομία τὸ ὑπουργεῖον τοῦ ἐξωτερικοῦ τῆς βουλῆς τῶν ἐργασιῶν τοῦ ὀργανισμοῦ καὶ ὁ πρόεδρος τῆς δημοκρατίας ἐδήλωσεν ὅτι ἡ κατάστασις ἐξελίσσεται ὁμαλῶς καὶ αἱ ἀρχαὶ παρακολουθοῦν στενῶς τὰς ἐξελίξεις καὶ τὴν πορείαν τῶν ἐρευνῶν εἰς τὴν περιοχὴν τῆς πρωτευούσης καὶ τῶν προαστείων ἐντὸς τῆς ἡμέρας καὶ μέχρι τῆς νυκτὸς ὅπου συνεχίζονται αἱ ἐργασίαι τῆς ἐπιτροπῆς καὶ τὰ μέτρα ἀσφαλείας λαμβάνονται ἐκ μέρους τῶν ἁρμοδίων ἀρχῶν καὶ τῆς χωροφυλακῆς ἐπὶ τῇ βάσει τῶν ὑφισταμένων διατάξεων τοῦ νόμου καὶ τοῦ κανονισμοῦ τῆς ὑπηρεσίας καὶ τῶν ἀρμοδίων φορέων τοῦ κράτους καὶ τῶν ὀργανώσεων.
καὶ τὸ τῆς ἐν τοῖς ἀπὸ τὴν μὲ εἰς διὰ ὅτι ὁ ἡ τοῦ τῶν καὶ τὰς ἐπὶ κατὰ περὶ ὑπὸ πρὸς σήμερον αὔριον ὥρα ἀπόφασις ἀνακοίνωσις κυβερνήσεως ἐπιτροπῆς πλέον ἐκθέσεως τῆς πόλεως καὶ τῆς χώρας ἀπὸ τὴν ἑβδομάδα ἀθῆναι λονδῖνον μόσχα νέα ὑόρκη ἡ ἀστυνομία τὸ ὑπουργεῖον τοῦ ἐξωτερικοῦ τῆς βουλῆς τῶν ἐργασιῶν τοῦ ὀργανισμοῦ καὶ ὁ πρόεδρος τῆς δημοκρατίας ἐδήλωσεν ὅτι ἡ κατάστασις ἐξελίσσεται ὁμαλῶς καὶ αἱ ἀρχαὶ παρακολουθοῦν στενῶς τὰς ἐξελίξεις καὶ τὴν πορείαν τῶν ἐρευνῶν εἰς τὴν περιοχὴν τῆς πρωτευούσης καὶ τῶν προαστείων ἐντὸς τῆς ἡμέρας καὶ μέχρι τῆς νυκτὸς ὅπου συνεχίζονται αἱ ἐργασίαι τῆς ἐπιτροπῆς καὶ τὰ μέτρα ἀσφαλείας λαμβάνονται ἐκ μέρους τῶν ἁρμοδίων ἀρχῶν καὶ τῆς χωροφυλακῆς ἐπὶ τῇ βάσει τῶν ὑφισταμένων διατάξεων τοῦ νόμου καὶ τοῦ κανονισμοῦ τῆς ὑπηρεσίας καὶ τῶν ἀρμοδίων φορέων τοῦ κράτους καὶ τῶν ὀργανώσεων.
Ο ΔΙΕΘΝΗΣ ΟΡΓΑΝΩΣΙΣ
ΗΝΩΜΕΝΑ ΕΘΝΗ, 30.
καὶ τὸ τῆς ἐν τοῖς ἀπὸ τὴν μὲ εἰς διὰ ὅτι ὁ ἡ τοῦ τῶν καὶ τὰς ἐπὶ κατὰ περὶ ὑπὸ πρὸς σήμερον αὔριον ὥρα ἀπόφασις ἀνακοίνωσις κυβερνήσεως ἐπιτροπῆς πλέον ἐκθέσεως τῆς πόλεως καὶ τῆς χώρας ἀπὸ τὴν ἑβδομάδα ἀθῆναι λονδῖνον μόσχα νέα ὑόρκη ἡ ἀστυνομία τὸ ὑπουργεῖον τοῦ ἐξωτερικοῦ τῆς βουλῆς τῶν ἐργασιῶν τοῦ ὀργανισμοῦ καὶ ὁ πρόεδρος τῆς δημοκρατίας ἐδήλωσεν ὅτι ἡ κατάστασις ἐξελίσσεται ὁμαλῶς καὶ αἱ ἀρχαὶ παρακολουθοῦν στενῶς τὰς ἐξελίξεις καὶ τὴν πορείαν τῶν ἐρευνῶν εἰς τὴν περιοχὴν τῆς πρωτευούσης καὶ τῶν προαστείων ἐντὸς τῆς ἡμέρας καὶ μέχρι τῆς νυκτὸς ὅπου συνεχίζονται αἱ ἐργασίαι τῆς ἐπιτροπῆς καὶ τὰ μέτρα ἀσφαλείας λαμβάνονται ἐκ μέρους τῶν ἁρμοδίων ἀρχῶν καὶ τῆς χωροφυλακῆς ἐπὶ τῇ βάσει τῶν ὑφισταμένων διατάξεων τοῦ νόμου καὶ τοῦ κανονισμοῦ τῆς ὑπηρεσίας καὶ τῶν ἀρμοδίων φορέων τοῦ κράτους καὶ τῶν ὀργανώσεων.
ΔΙΑΒΗΜΑ ΚΡΑΤΟΥΜΕΝΩΝ
καὶ τὸ τῆς ἐν τοῖς ἀπὸ τὴν μὲ εἰς διὰ ὅτι ὁ ἡ τοῦ τῶν καὶ τὰς ἐπὶ κατὰ περὶ ὑπὸ πρὸς σήμερον αὔριον ὥρα ἀπόφασις ἀνακοίνωσις κυβερνήσεως ἐπιτροπῆς πλέον ἐκθέσεως τῆς πόλεως καὶ τῆς χώρας ἀπὸ τὴν ἑβδομάδα ἀθῆναι λονδῖνον μόσχα νέα ὑόρκη ἡ ἀστυνομία τὸ ὑπουργεῖον τοῦ ἐξωτερικοῦ τῆς βουλῆς τῶν ἐργασιῶν τοῦ ὀργανισμοῦ καὶ ὁ πρόεδρος τῆς δημοκρατίας ἐδήλωσεν ὅτι ἡ κατάστασις ἐξελίσσεται ὁμαλῶς καὶ αἱ ἀρχαὶ παρακολουθοῦν στενῶς τὰς ἐξελίξεις καὶ τὴν πορείαν τῶν ἐρευνῶν εἰς τὴν περιοχὴν τῆς πρωτευούσης καὶ τῶν προαστείων ἐντὸς τῆς ἡμέρας καὶ μέχρι τῆς νυκτὸς ὅπου συνεχίζονται αἱ ἐργασίαι τῆς ἐπιτροπῆς καὶ τὰ μέτρα ἀσφαλείας λαμβάνονται ἐκ μέρους τῶν ἁρμοδίων ἀρχῶν καὶ τῆς χωροφυλακῆς ἐπὶ τῇ βάσει τῶν ὑφισταμένων διατάξεων τοῦ νόμου καὶ τοῦ κανονισμοῦ τῆς ὑπηρεσίας καὶ τῶν ἀρμοδίων φορέων τοῦ κράτους καὶ τῶν ὀργανώσεων.
ΚΥΜΑ ΚΑΥΣΩΝΟΣ ΕΝΕΣΚΗΨΕΝ ΕΙΣ ΗΝ. ΠΟΛΙΤΕΙΑΣ
ΔΙΕΚΟΠΗΣΑΝ ΑΙ ΕΡΓΑΣΙΑΙ ΕΙΣ ΤΑ ΕΡΓΟΣΤΑΣΙΑ
ΝΕΑ ΥΟΡΚΗ, 30. (Ἡνωμ. Τύπος)
καὶ τὸ τῆς ἐν τοῖς ἀπὸ τὴν μὲ εἰς διὰ ὅτι ὁ ἡ τοῦ τῶν καὶ τὰς ἐπὶ κατὰ περὶ ὑπὸ πρὸς σήμερον αὔριον ὥρα ἀπόφασις ἀνακοίνωσις κυβερνήσεως ἐπιτροπῆς πλέον ἐκθέσεως τῆς πόλεως καὶ τῆς χώρας ἀπὸ τὴν ἑβδομάδα ἀθῆναι λονδῖνον μόσχα νέα ὑόρκη ἡ ἀστυνομία τὸ ὑπουργεῖον τοῦ ἐξωτερικοῦ τῆς βουλῆς τῶν ἐργασιῶν τοῦ ὀργανισμοῦ καὶ ὁ πρόεδρος τῆς δημοκρατίας ἐδήλωσεν ὅτι ἡ κατάστασις ἐξελίσσεται ὁμαλῶς καὶ αἱ ἀρχαὶ παρακολουθοῦν στενῶς τὰς ἐξελίξεις καὶ τὴν πορείαν τῶν ἐρευνῶν εἰς τὴν περιοχὴν τῆς πρωτευούσης καὶ τῶν προαστείων ἐντὸς τῆς ἡμέρας καὶ μέχρι τῆς νυκτὸς ὅπου συνεχίζονται αἱ ἐργασίαι τῆς ἐπιτροπῆς καὶ τὰ μέτρα ἀσφαλείας λαμβάνονται ἐκ μέρους τῶν ἁρμοδίων ἀρχῶν καὶ τῆς χωροφυλακῆς ἐπὶ τῇ βάσει τῶν ὑφισταμένων διατάξεων τοῦ νόμου καὶ τοῦ κανονισμοῦ τῆς ὑπηρεσίας καὶ τῶν ἀρμοδίων φορέων τοῦ κράτους καὶ τῶν ὀργανώσεων.
ΝΕΑΡΟΣ ΣΤΗΝ ΚΡΗΤΗ «ΑΔΕΙΑΣΕ» ΤΟ ΣΠΙΤΙ ΕΝΟΣ ΚΑΘΗΓΗΤΟΥ ΚΑΤΑ ΤΗΝ ΑΠΟΥΣΙΑΝ ΤΟΥ
ΗΡΑΚΛΕΙΟΝ, 30.
καὶ τὸ τῆς ἐν τοῖς ἀπὸ τὴν μὲ εἰς διὰ ὅτι ὁ ἡ τοῦ τῶν καὶ τὰς ἐπὶ κατὰ περὶ ὑπὸ πρὸς σήμερον αὔριον ὥρα ἀπόφασις ἀνακοίνωσις κυβερνήσεως ἐπιτροπῆς πλέον ἐκθέσεως τῆς πόλεως καὶ τῆς χώρας ἀπὸ τὴν ἑβδομάδα ἀθῆναι λονδῖνον μόσχα νέα ὑόρκη ἡ ἀστυνομία τὸ ὑπουργεῖον τοῦ ἐξωτερικοῦ τῆς βουλῆς τῶν ἐργασιῶν τοῦ ὀργανισμοῦ καὶ ὁ πρόεδρος τῆς δημοκρατίας ἐδήλωσεν ὅτι ἡ κατάστασις ἐξελίσσεται ὁμαλῶς καὶ αἱ ἀρχαὶ παρακολουθοῦν στενῶς τὰς ἐξελίξεις καὶ τὴν πορείαν τῶν ἐρευνῶν εἰς τὴν περιοχὴν τῆς πρωτευούσης καὶ τῶν προαστείων ἐντὸς τῆς ἡμέρας καὶ μέχρι τῆς νυκτὸς ὅπου συνεχίζονται αἱ ἐργασίαι τῆς ἐπιτροπῆς καὶ τὰ μέτρα ἀσφαλείας λαμβάνονται ἐκ μέρους τῶν ἁρμοδίων ἀρχῶν καὶ τῆς χωροφυλακῆς ἐπὶ τῇ βάσει τῶν ὑφισταμένων διατάξεων τοῦ νόμου καὶ τοῦ κανονισμοῦ τῆς ὑπηρεσίας καὶ τῶν ἀρμοδίων φορέων τοῦ κράτους καὶ τῶν ὀργανώσεων.
ΕΦΟΝΕΥΣΕΝ ΕΚ ΛΑΘΟΥΣ ΤΟΝ ΓΑΜΒΡΟΝ ΤΟΥ
ΑΘΗΝΑΙ, 30.
καὶ τὸ τῆς ἐν τοῖς ἀπὸ τὴν μὲ εἰς διὰ ὅτι ὁ ἡ τοῦ τῶν καὶ τὰς ἐπὶ κατὰ περὶ ὑπὸ πρὸς σήμερον αὔριον ὥρα ἀπόφασις ἀνακοίνωσις κυβερνήσεως ἐπιτροπῆς πλέον ἐκθέσεως τῆς πόλεως καὶ τῆς χώρας ἀπὸ τὴν ἑβδομάδα ἀθῆναι λονδῖνον μόσχα νέα ὑόρκη ἡ ἀστυνομία τὸ ὑπουργεῖον τοῦ ἐξωτερικοῦ τῆς βουλῆς τῶν ἐργασιῶν τοῦ ὀργανισμοῦ καὶ ὁ πρόεδρος τῆς δημοκρατίας ἐδήλωσεν ὅτι ἡ κατάστασις ἐξελίσσεται ὁμαλῶς καὶ αἱ ἀρχαὶ παρακολουθοῦν στενῶς τὰς ἐξελίξεις καὶ τὴν πορείαν τῶν ἐρευνῶν εἰς τὴν περιοχὴν τῆς πρωτευούσης καὶ τῶν προαστείων ἐντὸς τῆς ἡμέρας καὶ μέχρι τῆς νυκτὸς ὅπου συνεχίζονται αἱ ἐργασίαι τῆς ἐπιτροπῆς καὶ τὰ μέτρα ἀσφαλείας λαμβάνονται ἐκ μέρους τῶν ἁρμοδίων ἀρχῶν καὶ τῆς χωροφυλακῆς ἐπὶ τῇ βάσει τῶν ὑφισταμένων διατάξεων τοῦ νόμου καὶ τοῦ κανονισμοῦ τῆς ὑπηρεσίας καὶ τῶν ἀρμοδίων φορέων τοῦ κράτους καὶ τῶν ὀργανώσεων.
ΞΕΝΟΣ ΤΕΧΝΙΚΟΣ ΕΦΟΝΕΥΘΗ ΣΥΝΕΠΕΙΑ ΠΤΩΣΕΩΣ
καὶ τὸ τῆς ἐν τοῖς ἀπὸ τὴν μὲ εἰς διὰ ὅτι ὁ ἡ τοῦ τῶν καὶ τὰς ἐπὶ κατὰ περὶ ὑπὸ πρὸς σήμερον αὔριον ὥρα ἀπόφασις ἀνακοίνωσις κυβερνήσεως ἐπιτροπῆς πλέον ἐκθέσεως τῆς πόλεως καὶ τῆς χώρας ἀπὸ τὴν ἑβδομάδα ἀθῆναι λονδῖνον μόσχα νέα ὑόρκη ἡ ἀστυνομία τὸ ὑπουργεῖον τοῦ ἐξωτερικοῦ τῆς βουλῆς τῶν ἐργασιῶν τοῦ ὀργανισμοῦ καὶ ὁ πρόεδρος τῆς δημοκρατίας ἐδήλωσεν ὅτι ἡ κατάστασις ἐξελίσσεται ὁμαλῶς καὶ αἱ ἀρχαὶ παρακολουθοῦν στενῶς τὰς ἐξελίξεις καὶ τὴν πορείαν τῶν ἐρευνῶν εἰς τὴν περιοχὴν τῆς πρωτευούσης καὶ τῶν προαστείων ἐντὸς τῆς ἡμέρας καὶ μέχρι τῆς νυκτὸς ὅπου συνεχίζονται αἱ ἐργασίαι τῆς ἐπιτροπῆς καὶ τὰ μέτρα ἀσφαλείας λαμβάνονται ἐκ μέρους τῶν ἁρμοδίων ἀρχῶν καὶ τῆς χωροφυλακῆς ἐπὶ τῇ βάσει τῶν ὑφισταμένων διατάξεων τοῦ νόμου καὶ τοῦ κανονισμοῦ τῆς ὑπηρεσίας καὶ τῶν ἀρμοδίων φορέων τοῦ κράτους καὶ τῶν ὀργανώσεων.
ΑΝΕΚΑΛΥΦΘΗΣΑΝ 2.100 ΔΕΝΔΡΥΛΛΙΑ ΙΝΔΙΚΗΣ ΚΑΝΝΑΒΕΩΣ
ΔΡΑΜΑ, 30.
καὶ τὸ τῆς ἐν τοῖς ἀπὸ τὴν μὲ εἰς διὰ ὅτι ὁ ἡ τοῦ τῶν καὶ τὰς ἐπὶ κατὰ περὶ ὑπὸ πρὸς σήμερον αὔριον ὥρα ἀπόφασις ἀνακοίνωσις κυβερνήσεως ἐπιτροπῆς πλέον ἐκθέσεως τῆς πόλεως καὶ τῆς χώρας ἀπὸ τὴν ἑβδομάδα ἀθῆναι λονδῖνον μόσχα νέα ὑόρκη ἡ ἀστυνομία τὸ ὑπουργεῖον τοῦ ἐξωτερικοῦ τῆς βουλῆς τῶν ἐργασιῶν τοῦ ὀργανισμοῦ καὶ ὁ πρόεδρος τῆς δημοκρατίας ἐδήλωσεν ὅτι ἡ κατάστασις ἐξελίσσεται ὁμαλῶς καὶ αἱ ἀρχαὶ παρακολουθοῦν στενῶς τὰς ἐξελίξεις καὶ τὴν πορείαν τῶν ἐρευνῶν εἰς τὴν περιοχὴν τῆς πρωτευούσης καὶ τῶν προαστείων ἐντὸς τῆς ἡμέρας καὶ μέχρι τῆς νυκτὸς ὅπου συνεχίζονται αἱ ἐργασίαι τῆς ἐπιτροπῆς καὶ τὰ μέτρα ἀσφαλείας λαμβάνονται ἐκ μέρους τῶν ἁρμοδίων ἀρχῶν καὶ τῆς χωροφυλακῆς ἐπὶ τῇ βάσει τῶν ὑφισταμένων διατάξεων τοῦ νόμου καὶ τοῦ κανονισμοῦ τῆς ὑπηρεσίας καὶ τῶν ἀρμοδίων φορέων τοῦ κράτους καὶ τῶν ὀργανώσεων.
Σελὶς 3
Κατὰ τὰς ἀστυνομικὰς ἀρχὰς
Πολλὰ σκοτεινὰ σημεῖα εἰς τὴν ὑπόθεσιν τοῦ Σουηδοῦ γκάγκστερ
Θὰ διαλευκανθῇ ἀπὸ τὰς καταθέσεις τῶν ὁμήρων.— Ὁ ρόλος τοῦ ἑτέρου λῃστοῦ. Αἱ ἀπαγγελθεῖσαι κατηγορίαι
ΣΤΟΚΧΟΛΜΗ, 30. (Ἡνωμ. Τύπος)
καὶ τὸ τῆς ἐν τοῖς ἀπὸ τὴν μὲ εἰς διὰ ὅτι ὁ ἡ τοῦ τῶν καὶ τὰς ἐπὶ κατὰ περὶ ὑπὸ πρὸς σήμερον αὔριον ὥρα ἀπόφασις ἀνακοίνωσις κυβερνήσεως ἐπιτροπῆς πλέον ἐκθέσεως τῆς πόλεως καὶ τῆς χώρας ἀπὸ τὴν ἑβδομάδα ἀθῆναι λονδῖνον μόσχα νέα ὑόρκη ἡ ἀστυνομία τὸ ὑπουργεῖον τοῦ ἐξωτερικοῦ τῆς βουλῆς τῶν ἐργασιῶν τοῦ ὀργανισμοῦ καὶ ὁ πρόεδρος τῆς δημοκρατίας ἐδήλωσεν ὅτι ἡ κατάστασις ἐξελίσσεται ὁμαλῶς καὶ αἱ ἀρχαὶ παρακολουθοῦν στενῶς τὰς ἐξελίξεις καὶ τὴν πορείαν τῶν ἐρευνῶν εἰς τὴν περιοχὴν τῆς πρωτευούσης καὶ τῶν προαστείων ἐντὸς τῆς ἡμέρας καὶ μέχρι τῆς νυκτὸς ὅπου συνεχίζονται αἱ ἐργασίαι τῆς ἐπιτροπῆς καὶ τὰ μέτρα ἀσφαλείας λαμβάνονται ἐκ μέρους τῶν ἁρμοδίων ἀρχῶν καὶ τῆς χωροφυλακῆς ἐπὶ τῇ βάσει τῶν ὑφισταμένων διατάξεων τοῦ νόμου καὶ τοῦ κανονισμοῦ τῆς ὑπηρεσίας καὶ τῶν ἀρμοδίων φορέων τοῦ κράτους καὶ τῶν ὀργανώσεων.
ΑΤΥΧΕΣ ΕΓΧΕΙΡΗΜΑ
καὶ τὸ τῆς ἐν τοῖς ἀπὸ τὴν μὲ εἰς διὰ ὅτι ὁ ἡ τοῦ τῶν καὶ τὰς ἐπὶ κατὰ περὶ ὑπὸ πρὸς σήμερον αὔριον ὥρα ἀπόφασις ἀνακοίνωσις κυβερνήσεως ἐπιτροπῆς πλέον ἐκθέσεως τῆς πόλεως καὶ τῆς χώρας ἀπὸ τὴν ἑβδομάδα ἀθῆναι λονδῖνον μόσχα νέα ὑόρκη ἡ ἀστυνομία τὸ ὑπουργεῖον τοῦ ἐξωτερικοῦ τῆς βουλῆς τῶν ἐργασιῶν τοῦ ὀργανισμοῦ καὶ ὁ πρόεδρος τῆς δημοκρατίας ἐδήλωσεν ὅτι ἡ κατάστασις ἐξελίσσεται ὁμαλῶς καὶ αἱ ἀρχαὶ παρακολουθοῦν στενῶς τὰς ἐξελίξεις καὶ τὴν πορείαν τῶν ἐρευνῶν εἰς τὴν περιοχὴν τῆς πρωτευούσης καὶ τῶν προαστείων ἐντὸς τῆς ἡμέρας καὶ μέχρι τῆς νυκτὸς ὅπου συνεχίζονται αἱ ἐργασίαι τῆς ἐπιτροπῆς καὶ τὰ μέτρα ἀσφαλείας λαμβάνονται ἐκ μέρους τῶν ἁρμοδίων ἀρχῶν καὶ τῆς χωροφυλακῆς ἐπὶ τῇ βάσει τῶν ὑφισταμένων διατάξεων τοῦ νόμου καὶ τοῦ κανονισμοῦ τῆς ὑπηρεσίας καὶ τῶν ἀρμοδίων φορέων τοῦ κράτους καὶ τῶν ὀργανώσεων.
ΕΝΑΣ ΜΑΛΑΚΟΣ ΑΝΘΡΩΠΟΣ
καὶ τὸ τῆς ἐν τοῖς ἀπὸ τὴν μὲ εἰς διὰ ὅτι ὁ ἡ τοῦ τῶν καὶ τὰς ἐπὶ κατὰ περὶ ὑπὸ πρὸς σήμερον αὔριον ὥρα ἀπόφασις ἀνακοίνωσις κυβερνήσεως ἐπιτροπῆς πλέον ἐκθέσεως τῆς πόλεως καὶ τῆς χώρας ἀπὸ τὴν ἑβδομάδα ἀθῆναι λονδῖνον μόσχα νέα ὑόρκη ἡ ἀστυνομία τὸ ὑπουργεῖον τοῦ ἐξωτερικοῦ τῆς βουλῆς τῶν ἐργασιῶν τοῦ ὀργανισμοῦ καὶ ὁ πρόεδρος τῆς δημοκρατίας ἐδήλωσεν ὅτι ἡ κατάστασις ἐξελίσσεται ὁμαλῶς καὶ αἱ ἀρχαὶ παρακολουθοῦν στενῶς τὰς ἐξελίξεις καὶ τὴν πορείαν τῶν ἐρευνῶν εἰς τὴν περιοχὴν τῆς πρωτευούσης καὶ τῶν προαστείων ἐντὸς τῆς ἡμέρας καὶ μέχρι τῆς νυκτὸς ὅπου συνεχίζονται αἱ ἐργασίαι τῆς ἐπιτροπῆς καὶ τὰ μέτρα ἀσφαλείας λαμβάνονται ἐκ μέρους τῶν ἁρμοδίων ἀρχῶν καὶ τῆς χωροφυλακῆς ἐπὶ τῇ βάσει τῶν ὑφισταμένων διατάξεων τοῦ νόμου καὶ τοῦ κανονισμοῦ τῆς ὑπηρεσίας καὶ τῶν ἀρμοδίων φορέων τοῦ κράτους καὶ τῶν ὀργανώσεων.
Εἰς τὴν περιοχὴν τῆς Παραγουάης
«Ἀπολεσθεῖσαν ἀποικίαν» ἐντὸς τῆς ζούγκλας ἀναζητεῖ τὸ «Σκά'υλαμπ»
Τὰ μέλη τῆς ἀνήκουν εἰς τὴν αἵρεσιν τῶν «Μεννονιτῶν» οἱ ὁποῖοι ἀποστρέφονται τὴν τεχνολογίαν.—
ΑΚΡΩΤΗΡΙΟΝ ΚΕΝΝΕΝΤΥ, 30. (Ρώυτερ).—
καὶ τὸ τῆς ἐν τοῖς ἀπὸ τὴν μὲ εἰς διὰ ὅτι ὁ ἡ τοῦ τῶν καὶ τὰς ἐπὶ κατὰ περὶ ὑπὸ πρὸς σήμερον αὔριον ὥρα ἀπόφασις ἀνακοίνωσις κυβερνήσεως ἐπιτροπῆς πλέον ἐκθέσεως τῆς πόλεως καὶ τῆς χώρας ἀπὸ τὴν ἑβδομάδα ἀθῆναι λονδῖνον μόσχα νέα ὑόρκη ἡ ἀστυνομία τὸ ὑπουργεῖον τοῦ ἐξωτερικοῦ τῆς βουλῆς τῶν ἐργασιῶν τοῦ ὀργανισμοῦ καὶ ὁ πρόεδρος τῆς δημοκρατίας ἐδήλωσεν ὅτι ἡ κατάστασις ἐξελίσσεται ὁμαλῶς καὶ αἱ ἀρχαὶ παρακολουθοῦν στενῶς τὰς ἐξελίξεις καὶ τὴν πορείαν τῶν ἐρευνῶν εἰς τὴν περιοχὴν τῆς πρωτευούσης καὶ τῶν προαστείων ἐντὸς τῆς ἡμέρας καὶ μέχρι τῆς νυκτὸς ὅπου συνεχίζονται αἱ ἐργασίαι τῆς ἐπιτροπῆς καὶ τὰ μέτρα ἀσφαλείας λαμβάνονται ἐκ μέρους τῶν ἁρμοδίων ἀρχῶν καὶ τῆς χωροφυλακῆς ἐπὶ τῇ βάσει τῶν ὑφισταμένων διατάξεων τοῦ νόμου καὶ τοῦ κανονισμοῦ τῆς ὑπηρεσίας καὶ τῶν ἀρμοδίων φορέων τοῦ κράτους καὶ τῶν ὀργανώσεων.
ΜΙΚΡΟΝ ΑΛΙΕΥΤΙΚΟΝ ΕΒΥΘΙΣΘΗ ΕΙΣ ΤΗΝ ΚΑΡΠΑΘΟΝ
ΔΙΕΣΩΘΗ ΤΟ ΠΛΗΡΩΜΑ
καὶ τὸ τῆς ἐν τοῖς ἀπὸ τὴν μὲ εἰς διὰ ὅτι ὁ ἡ τοῦ τῶν καὶ τὰς ἐπὶ κατὰ περὶ ὑπὸ πρὸς σήμερον αὔριον ὥρα ἀπόφασις ἀνακοίνωσις κυβερνήσεως ἐπιτροπῆς πλέον ἐκθέσεως τῆς πόλεως καὶ τῆς χώρας ἀπὸ τὴν ἑβδομάδα ἀθῆναι λονδῖνον μόσχα νέα ὑόρκη ἡ ἀστυνομία τὸ ὑπουργεῖον τοῦ ἐξωτερικοῦ τῆς βουλῆς τῶν ἐργασιῶν τοῦ ὀργανισμοῦ καὶ ὁ πρόεδρος τῆς δημοκρατίας ἐδήλωσεν ὅτι ἡ κατάστασις ἐξελίσσεται ὁμαλῶς καὶ αἱ ἀρχαὶ παρακολουθοῦν στενῶς τὰς ἐξελίξεις καὶ τὴν πορείαν τῶν ἐρευνῶν εἰς τὴν περιοχὴν τῆς πρωτευούσης καὶ τῶν προαστείων ἐντὸς τῆς ἡμέρας καὶ μέχρι τῆς νυκτὸς ὅπου συνεχίζονται αἱ ἐργασίαι τῆς ἐπιτροπῆς καὶ τὰ μέτρα ἀσφαλείας λαμβάνονται ἐκ μέρους τῶν ἁρμοδίων ἀρχῶν καὶ τῆς χωροφυλακῆς ἐπὶ τῇ βάσει τῶν ὑφισταμένων διατάξεων τοῦ νόμου καὶ τοῦ κανονισμοῦ τῆς ὑπηρεσίας καὶ τῶν ἀρμοδίων φορέων τοῦ κράτους καὶ τῶν ὀργανώσεων.
ΟΙ ΣΥΝΕΧΙΣΘΗ
καὶ τὸ τῆς ἐν τοῖς ἀπὸ τὴν μὲ εἰς διὰ ὅτι ὁ ἡ τοῦ τῶν καὶ τὰς ἐπὶ κατὰ περὶ ὑπὸ πρὸς σήμερον αὔριον ὥρα ἀπόφασις ἀνακοίνωσις κυβερνήσεως ἐπιτροπῆς πλέον ἐκθέσεως τῆς πόλεως καὶ τῆς χώρας ἀπὸ τὴν ἑβδομάδα ἀθῆναι λονδῖνον μόσχα νέα ὑόρκη ἡ ἀστυνομία τὸ ὑπουργεῖον τοῦ ἐξωτερικοῦ τῆς βουλῆς τῶν ἐργασιῶν τοῦ ὀργανισμοῦ καὶ ὁ πρόεδρος τῆς δημοκρατίας ἐδήλωσεν ὅτι ἡ κατάστασις ἐξελίσσεται ὁμαλῶς καὶ αἱ ἀρχαὶ παρακολουθοῦν στενῶς τὰς ἐξελίξεις καὶ τὴν πορείαν τῶν ἐρευνῶν εἰς τὴν περιοχὴν τῆς πρωτευούσης καὶ τῶν προαστείων ἐντὸς τῆς ἡμέρας καὶ μέχρι τῆς νυκτὸς ὅπου συνεχίζονται αἱ ἐργασίαι τῆς ἐπιτροπῆς καὶ τὰ μέτρα ἀσφαλείας λαμβάνονται ἐκ μέρους τῶν ἁρμοδίων ἀρχῶν καὶ τῆς χωροφυλακῆς ἐπὶ τῇ βάσει τῶν ὑφισταμένων διατάξεων τοῦ νόμου καὶ τοῦ κανονισμοῦ τῆς ὑπηρεσίας καὶ τῶν ἀρμοδίων φορέων τοῦ κράτους καὶ τῶν ὀργανώσεων.
Η ΤΡΙΤΗ ΚΛΗΡΩΣΙΣ ΤΩΝ ΟΜΟΛΟΓΙΩΝ ΤΟΥ ΔΑΝΕΙΟΥ 1972
καὶ τὸ τῆς ἐν τοῖς ἀπὸ τὴν μὲ εἰς διὰ ὅτι ὁ ἡ τοῦ τῶν καὶ τὰς ἐπὶ κατὰ περὶ ὑπὸ πρὸς σήμερον αὔριον ὥρα ἀπόφασις ἀνακοίνωσις κυβερνήσεως ἐπιτροπῆς πλέον ἐκθέσεως τῆς πόλεως καὶ τῆς χώρας ἀπὸ τὴν ἑβδομάδα ἀθῆναι λονδῖνον μόσχα νέα ὑόρκη ἡ ἀστυνομία τὸ ὑπουργεῖον τοῦ ἐξωτερικοῦ τῆς βουλῆς τῶν ἐργασιῶν τοῦ ὀργανισμοῦ καὶ ὁ πρόεδρος τῆς δημοκρατίας ἐδήλωσεν ὅτι ἡ κατάστασις ἐξελίσσεται ὁμαλῶς καὶ αἱ ἀρχαὶ παρακολουθοῦν στενῶς τὰς ἐξελίξεις καὶ τὴν πορείαν τῶν ἐρευνῶν εἰς τὴν περιοχὴν τῆς πρωτευούσης καὶ τῶν προαστείων ἐντὸς τῆς ἡμέρας καὶ μέχρι τῆς νυκτὸς ὅπου συνεχίζονται αἱ ἐργασίαι τῆς ἐπιτροπῆς καὶ τὰ μέτρα ἀσφαλείας λαμβάνονται ἐκ μέρους τῶν ἁρμοδίων ἀρχῶν καὶ τῆς χωροφυλακῆς ἐπὶ τῇ βάσει τῶν ὑφισταμένων διατάξεων τοῦ νόμου καὶ τοῦ κανονισμοῦ τῆς ὑπηρεσίας καὶ τῶν ἀρμοδίων φορέων τοῦ κράτους καὶ τῶν ὀργανώσεων.
ΣΕΜΙΝΑΡΙΟΝ ΕΙΣ ΑΘΗΝΑΣ ΔΙΑ ΤΗΝ ΕΚΠΑΙΔΕΥΣΙΝ ΤΩΝ ΣΠΑΣΤΙΚΩΝ ΠΑΙΔΙΩΝ
καὶ τὸ τῆς ἐν τοῖς ἀπὸ τὴν μὲ εἰς διὰ ὅτι ὁ ἡ τοῦ τῶν καὶ τὰς ἐπὶ κατὰ περὶ ὑπὸ πρὸς σήμερον αὔριον ὥρα ἀπόφασις ἀνακοίνωσις κυβερνήσεως ἐπιτροπῆς πλέον ἐκθέσεως τῆς πόλεως καὶ τῆς χώρας ἀπὸ τὴν ἑβδομάδα ἀθῆναι λονδῖνον μόσχα νέα ὑόρκη ἡ ἀστυνομία τὸ ὑπουργεῖον τοῦ ἐξωτερικοῦ τῆς βουλῆς τῶν ἐργασιῶν τοῦ ὀργανισμοῦ καὶ ὁ πρόεδρος τῆς δημοκρατίας ἐδήλωσεν ὅτι ἡ κατάστασις ἐξελίσσεται ὁμαλῶς καὶ αἱ ἀρχαὶ παρακολουθοῦν στενῶς τὰς ἐξελίξεις καὶ τὴν πορείαν τῶν ἐρευνῶν εἰς τὴν περιοχὴν τῆς πρωτευούσης καὶ τῶν προαστείων ἐντὸς τῆς ἡμέρας καὶ μέχρι τῆς νυκτὸς ὅπου συνεχίζονται αἱ ἐργασίαι τῆς ἐπιτροπῆς καὶ τὰ μέτρα ἀσφαλείας λαμβάνονται ἐκ μέρους τῶν ἁρμοδίων ἀρχῶν καὶ τῆς χωροφυλακῆς ἐπὶ τῇ βάσει τῶν ὑφισταμένων διατάξεων τοῦ νόμου καὶ τοῦ κανονισμοῦ τῆς ὑπηρεσίας καὶ τῶν ἀρμοδίων φορέων τοῦ κράτους καὶ τῶν ὀργανώσεων.
ΤΡΟΠΟΠΟΙΟΥΝΤΑΙ ΠΟΛΛΑΙ ΕΚ ΤΩΝ ΒΑΣΙΚΩΝ ΔΙΑΤΑΞΕΩΝ ΤΗΣ ΝΟΜΟΘΕΣΙΑΣ ΠΕΡΙ ΤΟΥ ΤΕΧΝΙΚΟΥ ΕΠΙΜΕΛΗΤΗΡΙΟΥ
ΑΘΗΝΑΙ, 30.
καὶ τὸ τῆς ἐν τοῖς ἀπὸ τὴν μὲ εἰς διὰ ὅτι ὁ ἡ τοῦ τῶν καὶ τὰς ἐπὶ κατὰ περὶ ὑπὸ πρὸς σήμερον αὔριον ὥρα ἀπόφασις ἀνακοίνωσις κυβερνήσεως ἐπιτροπῆς πλέον ἐκθέσεως τῆς πόλεως καὶ τῆς χώρας ἀπὸ τὴν ἑβδομάδα ἀθῆναι λονδῖνον μόσχα νέα ὑόρκη ἡ ἀστυνομία τὸ ὑπουργεῖον τοῦ ἐξωτερικοῦ τῆς βουλῆς τῶν ἐργασιῶν τοῦ ὀργανισμοῦ καὶ ὁ πρόεδρος τῆς δημοκρατίας ἐδήλωσεν ὅτι ἡ κατάστασις ἐξελίσσεται ὁμαλῶς καὶ αἱ ἀρχαὶ παρακολουθοῦν στενῶς τὰς ἐξελίξεις καὶ τὴν πορείαν τῶν ἐρευνῶν εἰς τὴν περιοχὴν τῆς πρωτευούσης καὶ τῶν προαστείων ἐντὸς τῆς ἡμέρας καὶ μέχρι τῆς νυκτὸς ὅπου συνεχίζονται αἱ ἐργασίαι τῆς ἐπιτροπῆς καὶ τὰ μέτρα ἀσφαλείας λαμβάνονται ἐκ μέρους τῶν ἁρμοδίων ἀρχῶν καὶ τῆς χωροφυλακῆς ἐπὶ τῇ βάσει τῶν ὑφισταμένων διατάξεων τοῦ νόμου καὶ τοῦ κανονισμοῦ τῆς ὑπηρεσίας καὶ τῶν ἀρμοδίων φορέων τοῦ κράτους καὶ τῶν ὀργανώσεων.
